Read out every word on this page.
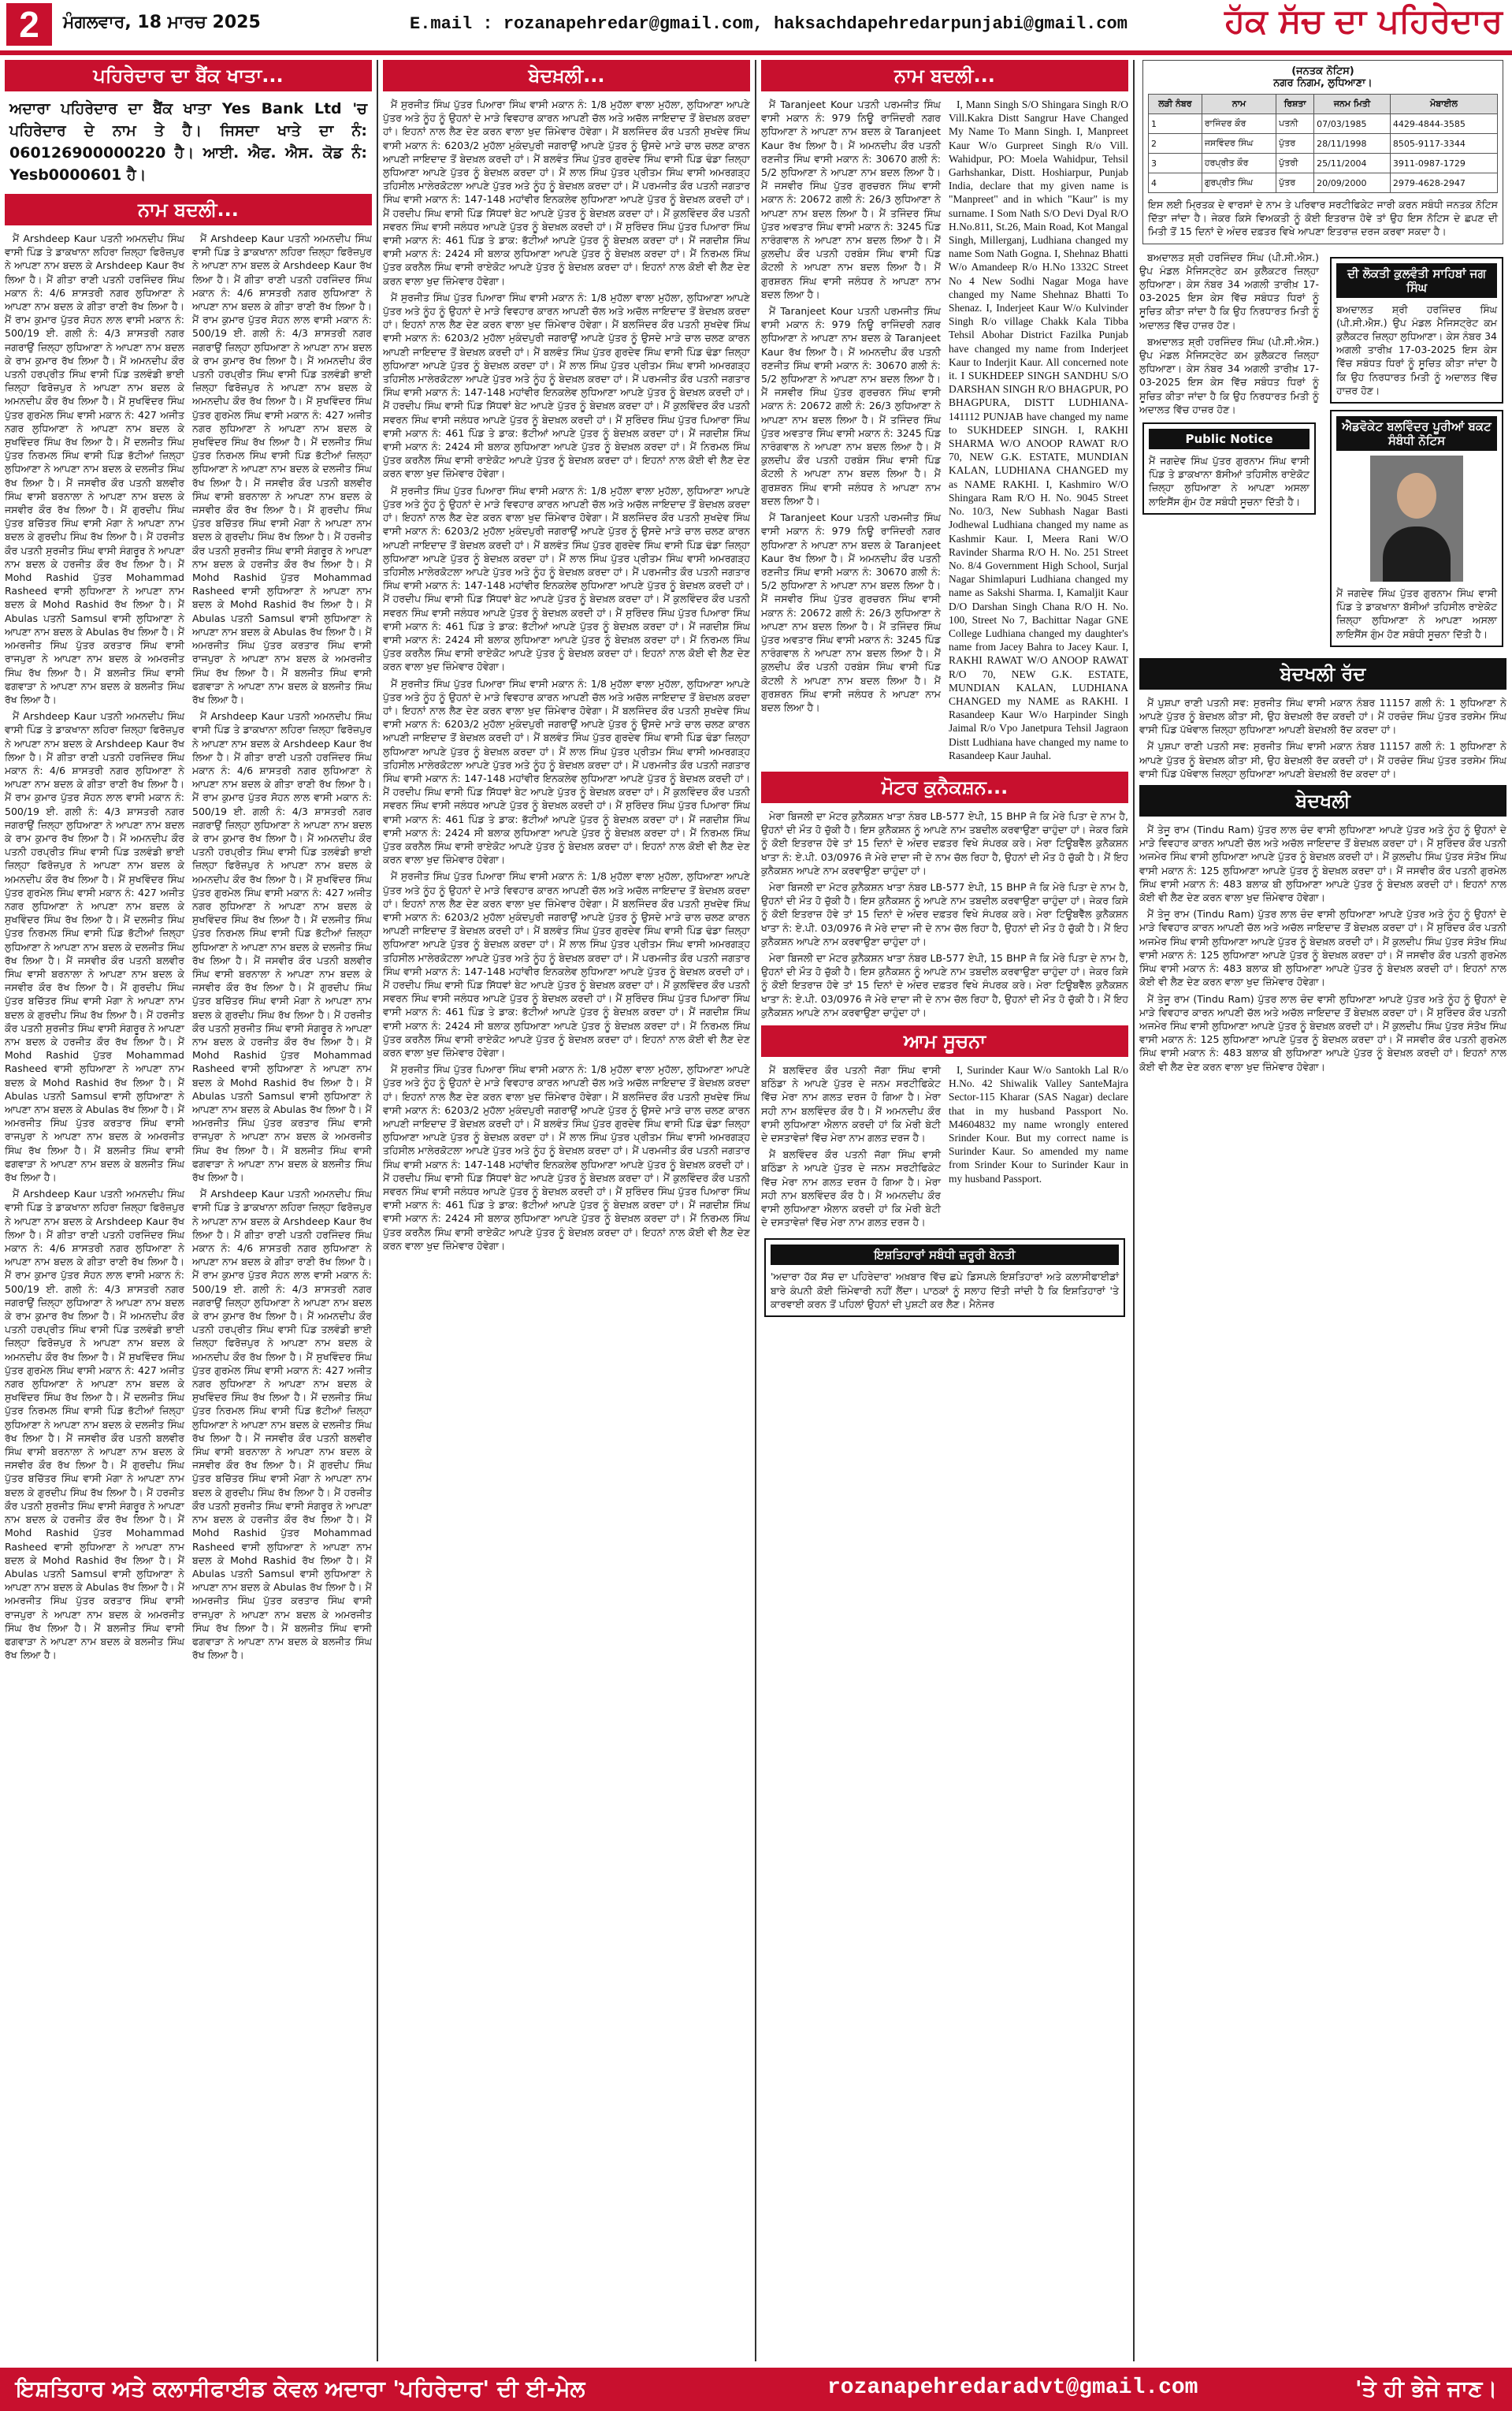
2	ਮੰਗਲਵਾਰ, 18 ਮਾਰਚ 2025	E.mail : rozanapehredar@gmail.com, haksachdapehredarpunjabi@gmail.com	ਹੱਕ ਸੱਚ ਦਾ ਪਹਿਰੇਦਾਰ
ਪਹਿਰੇਦਾਰ ਦਾ ਬੈਂਕ ਖਾਤਾ...
ਅਦਾਰਾ ਪਹਿਰੇਦਾਰ ਦਾ ਬੈਂਕ ਖਾਤਾ Yes Bank Ltd 'ਚ ਪਹਿਰੇਦਾਰ ਦੇ ਨਾਮ ਤੇ ਹੈ। ਜਿਸਦਾ ਖਾਤੇ ਦਾ ਨੰ: 060126900000220 ਹੈ। ਆਈ. ਐਫ. ਐਸ. ਕੋਡ ਨੰ: Yesb0000601 ਹੈ।
ਨਾਮ ਬਦਲੀ...

ਮੈਂ Arshdeep Kaur ਪਤਨੀ ਅਮਨਦੀਪ ਸਿੰਘ ਵਾਸੀ ਪਿੰਡ ਤੇ ਡਾਕਖਾਨਾ ਲਹਿਰਾ ਜ਼ਿਲ੍ਹਾ ਫਿਰੋਜ਼ਪੁਰ ਨੇ ਆਪਣਾ ਨਾਮ ਬਦਲ ਕੇ Arshdeep Kaur ਰੱਖ ਲਿਆ ਹੈ। ਮੈਂ ਗੀਤਾ ਰਾਣੀ ਪਤਨੀ ਹਰਜਿੰਦਰ ਸਿੰਘ ਮਕਾਨ ਨੰ: 4/6 ਸ਼ਾਸਤਰੀ ਨਗਰ ਲੁਧਿਆਣਾ ਨੇ ਆਪਣਾ ਨਾਮ ਬਦਲ ਕੇ ਗੀਤਾ ਰਾਣੀ ਰੱਖ ਲਿਆ ਹੈ। ਮੈਂ ਰਾਮ ਕੁਮਾਰ ਪੁੱਤਰ ਸੋਹਨ ਲਾਲ ਵਾਸੀ ਮਕਾਨ ਨੰ: 500/19 ਈ. ਗਲੀ ਨੰ: 4/3 ਸ਼ਾਸਤਰੀ ਨਗਰ ਜਗਰਾਉਂ ਜ਼ਿਲ੍ਹਾ ਲੁਧਿਆਣਾ ਨੇ ਆਪਣਾ ਨਾਮ ਬਦਲ ਕੇ ਰਾਮ ਕੁਮਾਰ ਰੱਖ ਲਿਆ ਹੈ। ਮੈਂ ਅਮਨਦੀਪ ਕੌਰ ਪਤਨੀ ਹਰਪ੍ਰੀਤ ਸਿੰਘ ਵਾਸੀ ਪਿੰਡ ਤਲਵੰਡੀ ਭਾਈ ਜ਼ਿਲ੍ਹਾ ਫਿਰੋਜ਼ਪੁਰ ਨੇ ਆਪਣਾ ਨਾਮ ਬਦਲ ਕੇ ਅਮਨਦੀਪ ਕੌਰ ਰੱਖ ਲਿਆ ਹੈ। ਮੈਂ ਸੁਖਵਿੰਦਰ ਸਿੰਘ ਪੁੱਤਰ ਗੁਰਮੇਲ ਸਿੰਘ ਵਾਸੀ ਮਕਾਨ ਨੰ: 427 ਅਜੀਤ ਨਗਰ ਲੁਧਿਆਣਾ ਨੇ ਆਪਣਾ ਨਾਮ ਬਦਲ ਕੇ ਸੁਖਵਿੰਦਰ ਸਿੰਘ ਰੱਖ ਲਿਆ ਹੈ। ਮੈਂ ਦਲਜੀਤ ਸਿੰਘ ਪੁੱਤਰ ਨਿਰਮਲ ਸਿੰਘ ਵਾਸੀ ਪਿੰਡ ਭੱਟੀਆਂ ਜ਼ਿਲ੍ਹਾ ਲੁਧਿਆਣਾ ਨੇ ਆਪਣਾ ਨਾਮ ਬਦਲ ਕੇ ਦਲਜੀਤ ਸਿੰਘ ਰੱਖ ਲਿਆ ਹੈ। ਮੈਂ ਜਸਵੀਰ ਕੌਰ ਪਤਨੀ ਬਲਵੀਰ ਸਿੰਘ ਵਾਸੀ ਬਰਨਾਲਾ ਨੇ ਆਪਣਾ ਨਾਮ ਬਦਲ ਕੇ ਜਸਵੀਰ ਕੌਰ ਰੱਖ ਲਿਆ ਹੈ। ਮੈਂ ਗੁਰਦੀਪ ਸਿੰਘ ਪੁੱਤਰ ਬਚਿੱਤਰ ਸਿੰਘ ਵਾਸੀ ਮੋਗਾ ਨੇ ਆਪਣਾ ਨਾਮ ਬਦਲ ਕੇ ਗੁਰਦੀਪ ਸਿੰਘ ਰੱਖ ਲਿਆ ਹੈ। ਮੈਂ ਹਰਜੀਤ ਕੌਰ ਪਤਨੀ ਸੁਰਜੀਤ ਸਿੰਘ ਵਾਸੀ ਸੰਗਰੂਰ ਨੇ ਆਪਣਾ ਨਾਮ ਬਦਲ ਕੇ ਹਰਜੀਤ ਕੌਰ ਰੱਖ ਲਿਆ ਹੈ। ਮੈਂ Mohd Rashid ਪੁੱਤਰ Mohammad Rasheed ਵਾਸੀ ਲੁਧਿਆਣਾ ਨੇ ਆਪਣਾ ਨਾਮ ਬਦਲ ਕੇ Mohd Rashid ਰੱਖ ਲਿਆ ਹੈ। ਮੈਂ Abulas ਪਤਨੀ Samsul ਵਾਸੀ ਲੁਧਿਆਣਾ ਨੇ ਆਪਣਾ ਨਾਮ ਬਦਲ ਕੇ Abulas ਰੱਖ ਲਿਆ ਹੈ। ਮੈਂ ਅਮਰਜੀਤ ਸਿੰਘ ਪੁੱਤਰ ਕਰਤਾਰ ਸਿੰਘ ਵਾਸੀ ਰਾਜਪੁਰਾ ਨੇ ਆਪਣਾ ਨਾਮ ਬਦਲ ਕੇ ਅਮਰਜੀਤ ਸਿੰਘ ਰੱਖ ਲਿਆ ਹੈ। ਮੈਂ ਬਲਜੀਤ ਸਿੰਘ ਵਾਸੀ ਫਗਵਾੜਾ ਨੇ ਆਪਣਾ ਨਾਮ ਬਦਲ ਕੇ ਬਲਜੀਤ ਸਿੰਘ ਰੱਖ ਲਿਆ ਹੈ।

ਮੈਂ Arshdeep Kaur ਪਤਨੀ ਅਮਨਦੀਪ ਸਿੰਘ ਵਾਸੀ ਪਿੰਡ ਤੇ ਡਾਕਖਾਨਾ ਲਹਿਰਾ ਜ਼ਿਲ੍ਹਾ ਫਿਰੋਜ਼ਪੁਰ ਨੇ ਆਪਣਾ ਨਾਮ ਬਦਲ ਕੇ Arshdeep Kaur ਰੱਖ ਲਿਆ ਹੈ। ਮੈਂ ਗੀਤਾ ਰਾਣੀ ਪਤਨੀ ਹਰਜਿੰਦਰ ਸਿੰਘ ਮਕਾਨ ਨੰ: 4/6 ਸ਼ਾਸਤਰੀ ਨਗਰ ਲੁਧਿਆਣਾ ਨੇ ਆਪਣਾ ਨਾਮ ਬਦਲ ਕੇ ਗੀਤਾ ਰਾਣੀ ਰੱਖ ਲਿਆ ਹੈ। ਮੈਂ ਰਾਮ ਕੁਮਾਰ ਪੁੱਤਰ ਸੋਹਨ ਲਾਲ ਵਾਸੀ ਮਕਾਨ ਨੰ: 500/19 ਈ. ਗਲੀ ਨੰ: 4/3 ਸ਼ਾਸਤਰੀ ਨਗਰ ਜਗਰਾਉਂ ਜ਼ਿਲ੍ਹਾ ਲੁਧਿਆਣਾ ਨੇ ਆਪਣਾ ਨਾਮ ਬਦਲ ਕੇ ਰਾਮ ਕੁਮਾਰ ਰੱਖ ਲਿਆ ਹੈ। ਮੈਂ ਅਮਨਦੀਪ ਕੌਰ ਪਤਨੀ ਹਰਪ੍ਰੀਤ ਸਿੰਘ ਵਾਸੀ ਪਿੰਡ ਤਲਵੰਡੀ ਭਾਈ ਜ਼ਿਲ੍ਹਾ ਫਿਰੋਜ਼ਪੁਰ ਨੇ ਆਪਣਾ ਨਾਮ ਬਦਲ ਕੇ ਅਮਨਦੀਪ ਕੌਰ ਰੱਖ ਲਿਆ ਹੈ। ਮੈਂ ਸੁਖਵਿੰਦਰ ਸਿੰਘ ਪੁੱਤਰ ਗੁਰਮੇਲ ਸਿੰਘ ਵਾਸੀ ਮਕਾਨ ਨੰ: 427 ਅਜੀਤ ਨਗਰ ਲੁਧਿਆਣਾ ਨੇ ਆਪਣਾ ਨਾਮ ਬਦਲ ਕੇ ਸੁਖਵਿੰਦਰ ਸਿੰਘ ਰੱਖ ਲਿਆ ਹੈ। ਮੈਂ ਦਲਜੀਤ ਸਿੰਘ ਪੁੱਤਰ ਨਿਰਮਲ ਸਿੰਘ ਵਾਸੀ ਪਿੰਡ ਭੱਟੀਆਂ ਜ਼ਿਲ੍ਹਾ ਲੁਧਿਆਣਾ ਨੇ ਆਪਣਾ ਨਾਮ ਬਦਲ ਕੇ ਦਲਜੀਤ ਸਿੰਘ ਰੱਖ ਲਿਆ ਹੈ। ਮੈਂ ਜਸਵੀਰ ਕੌਰ ਪਤਨੀ ਬਲਵੀਰ ਸਿੰਘ ਵਾਸੀ ਬਰਨਾਲਾ ਨੇ ਆਪਣਾ ਨਾਮ ਬਦਲ ਕੇ ਜਸਵੀਰ ਕੌਰ ਰੱਖ ਲਿਆ ਹੈ। ਮੈਂ ਗੁਰਦੀਪ ਸਿੰਘ ਪੁੱਤਰ ਬਚਿੱਤਰ ਸਿੰਘ ਵਾਸੀ ਮੋਗਾ ਨੇ ਆਪਣਾ ਨਾਮ ਬਦਲ ਕੇ ਗੁਰਦੀਪ ਸਿੰਘ ਰੱਖ ਲਿਆ ਹੈ। ਮੈਂ ਹਰਜੀਤ ਕੌਰ ਪਤਨੀ ਸੁਰਜੀਤ ਸਿੰਘ ਵਾਸੀ ਸੰਗਰੂਰ ਨੇ ਆਪਣਾ ਨਾਮ ਬਦਲ ਕੇ ਹਰਜੀਤ ਕੌਰ ਰੱਖ ਲਿਆ ਹੈ। ਮੈਂ Mohd Rashid ਪੁੱਤਰ Mohammad Rasheed ਵਾਸੀ ਲੁਧਿਆਣਾ ਨੇ ਆਪਣਾ ਨਾਮ ਬਦਲ ਕੇ Mohd Rashid ਰੱਖ ਲਿਆ ਹੈ। ਮੈਂ Abulas ਪਤਨੀ Samsul ਵਾਸੀ ਲੁਧਿਆਣਾ ਨੇ ਆਪਣਾ ਨਾਮ ਬਦਲ ਕੇ Abulas ਰੱਖ ਲਿਆ ਹੈ। ਮੈਂ ਅਮਰਜੀਤ ਸਿੰਘ ਪੁੱਤਰ ਕਰਤਾਰ ਸਿੰਘ ਵਾਸੀ ਰਾਜਪੁਰਾ ਨੇ ਆਪਣਾ ਨਾਮ ਬਦਲ ਕੇ ਅਮਰਜੀਤ ਸਿੰਘ ਰੱਖ ਲਿਆ ਹੈ। ਮੈਂ ਬਲਜੀਤ ਸਿੰਘ ਵਾਸੀ ਫਗਵਾੜਾ ਨੇ ਆਪਣਾ ਨਾਮ ਬਦਲ ਕੇ ਬਲਜੀਤ ਸਿੰਘ ਰੱਖ ਲਿਆ ਹੈ।

ਮੈਂ Arshdeep Kaur ਪਤਨੀ ਅਮਨਦੀਪ ਸਿੰਘ ਵਾਸੀ ਪਿੰਡ ਤੇ ਡਾਕਖਾਨਾ ਲਹਿਰਾ ਜ਼ਿਲ੍ਹਾ ਫਿਰੋਜ਼ਪੁਰ ਨੇ ਆਪਣਾ ਨਾਮ ਬਦਲ ਕੇ Arshdeep Kaur ਰੱਖ ਲਿਆ ਹੈ। ਮੈਂ ਗੀਤਾ ਰਾਣੀ ਪਤਨੀ ਹਰਜਿੰਦਰ ਸਿੰਘ ਮਕਾਨ ਨੰ: 4/6 ਸ਼ਾਸਤਰੀ ਨਗਰ ਲੁਧਿਆਣਾ ਨੇ ਆਪਣਾ ਨਾਮ ਬਦਲ ਕੇ ਗੀਤਾ ਰਾਣੀ ਰੱਖ ਲਿਆ ਹੈ। ਮੈਂ ਰਾਮ ਕੁਮਾਰ ਪੁੱਤਰ ਸੋਹਨ ਲਾਲ ਵਾਸੀ ਮਕਾਨ ਨੰ: 500/19 ਈ. ਗਲੀ ਨੰ: 4/3 ਸ਼ਾਸਤਰੀ ਨਗਰ ਜਗਰਾਉਂ ਜ਼ਿਲ੍ਹਾ ਲੁਧਿਆਣਾ ਨੇ ਆਪਣਾ ਨਾਮ ਬਦਲ ਕੇ ਰਾਮ ਕੁਮਾਰ ਰੱਖ ਲਿਆ ਹੈ। ਮੈਂ ਅਮਨਦੀਪ ਕੌਰ ਪਤਨੀ ਹਰਪ੍ਰੀਤ ਸਿੰਘ ਵਾਸੀ ਪਿੰਡ ਤਲਵੰਡੀ ਭਾਈ ਜ਼ਿਲ੍ਹਾ ਫਿਰੋਜ਼ਪੁਰ ਨੇ ਆਪਣਾ ਨਾਮ ਬਦਲ ਕੇ ਅਮਨਦੀਪ ਕੌਰ ਰੱਖ ਲਿਆ ਹੈ। ਮੈਂ ਸੁਖਵਿੰਦਰ ਸਿੰਘ ਪੁੱਤਰ ਗੁਰਮੇਲ ਸਿੰਘ ਵਾਸੀ ਮਕਾਨ ਨੰ: 427 ਅਜੀਤ ਨਗਰ ਲੁਧਿਆਣਾ ਨੇ ਆਪਣਾ ਨਾਮ ਬਦਲ ਕੇ ਸੁਖਵਿੰਦਰ ਸਿੰਘ ਰੱਖ ਲਿਆ ਹੈ। ਮੈਂ ਦਲਜੀਤ ਸਿੰਘ ਪੁੱਤਰ ਨਿਰਮਲ ਸਿੰਘ ਵਾਸੀ ਪਿੰਡ ਭੱਟੀਆਂ ਜ਼ਿਲ੍ਹਾ ਲੁਧਿਆਣਾ ਨੇ ਆਪਣਾ ਨਾਮ ਬਦਲ ਕੇ ਦਲਜੀਤ ਸਿੰਘ ਰੱਖ ਲਿਆ ਹੈ। ਮੈਂ ਜਸਵੀਰ ਕੌਰ ਪਤਨੀ ਬਲਵੀਰ ਸਿੰਘ ਵਾਸੀ ਬਰਨਾਲਾ ਨੇ ਆਪਣਾ ਨਾਮ ਬਦਲ ਕੇ ਜਸਵੀਰ ਕੌਰ ਰੱਖ ਲਿਆ ਹੈ। ਮੈਂ ਗੁਰਦੀਪ ਸਿੰਘ ਪੁੱਤਰ ਬਚਿੱਤਰ ਸਿੰਘ ਵਾਸੀ ਮੋਗਾ ਨੇ ਆਪਣਾ ਨਾਮ ਬਦਲ ਕੇ ਗੁਰਦੀਪ ਸਿੰਘ ਰੱਖ ਲਿਆ ਹੈ। ਮੈਂ ਹਰਜੀਤ ਕੌਰ ਪਤਨੀ ਸੁਰਜੀਤ ਸਿੰਘ ਵਾਸੀ ਸੰਗਰੂਰ ਨੇ ਆਪਣਾ ਨਾਮ ਬਦਲ ਕੇ ਹਰਜੀਤ ਕੌਰ ਰੱਖ ਲਿਆ ਹੈ। ਮੈਂ Mohd Rashid ਪੁੱਤਰ Mohammad Rasheed ਵਾਸੀ ਲੁਧਿਆਣਾ ਨੇ ਆਪਣਾ ਨਾਮ ਬਦਲ ਕੇ Mohd Rashid ਰੱਖ ਲਿਆ ਹੈ। ਮੈਂ Abulas ਪਤਨੀ Samsul ਵਾਸੀ ਲੁਧਿਆਣਾ ਨੇ ਆਪਣਾ ਨਾਮ ਬਦਲ ਕੇ Abulas ਰੱਖ ਲਿਆ ਹੈ। ਮੈਂ ਅਮਰਜੀਤ ਸਿੰਘ ਪੁੱਤਰ ਕਰਤਾਰ ਸਿੰਘ ਵਾਸੀ ਰਾਜਪੁਰਾ ਨੇ ਆਪਣਾ ਨਾਮ ਬਦਲ ਕੇ ਅਮਰਜੀਤ ਸਿੰਘ ਰੱਖ ਲਿਆ ਹੈ। ਮੈਂ ਬਲਜੀਤ ਸਿੰਘ ਵਾਸੀ ਫਗਵਾੜਾ ਨੇ ਆਪਣਾ ਨਾਮ ਬਦਲ ਕੇ ਬਲਜੀਤ ਸਿੰਘ ਰੱਖ ਲਿਆ ਹੈ।

ਮੈਂ Arshdeep Kaur ਪਤਨੀ ਅਮਨਦੀਪ ਸਿੰਘ ਵਾਸੀ ਪਿੰਡ ਤੇ ਡਾਕਖਾਨਾ ਲਹਿਰਾ ਜ਼ਿਲ੍ਹਾ ਫਿਰੋਜ਼ਪੁਰ ਨੇ ਆਪਣਾ ਨਾਮ ਬਦਲ ਕੇ Arshdeep Kaur ਰੱਖ ਲਿਆ ਹੈ। ਮੈਂ ਗੀਤਾ ਰਾਣੀ ਪਤਨੀ ਹਰਜਿੰਦਰ ਸਿੰਘ ਮਕਾਨ ਨੰ: 4/6 ਸ਼ਾਸਤਰੀ ਨਗਰ ਲੁਧਿਆਣਾ ਨੇ ਆਪਣਾ ਨਾਮ ਬਦਲ ਕੇ ਗੀਤਾ ਰਾਣੀ ਰੱਖ ਲਿਆ ਹੈ। ਮੈਂ ਰਾਮ ਕੁਮਾਰ ਪੁੱਤਰ ਸੋਹਨ ਲਾਲ ਵਾਸੀ ਮਕਾਨ ਨੰ: 500/19 ਈ. ਗਲੀ ਨੰ: 4/3 ਸ਼ਾਸਤਰੀ ਨਗਰ ਜਗਰਾਉਂ ਜ਼ਿਲ੍ਹਾ ਲੁਧਿਆਣਾ ਨੇ ਆਪਣਾ ਨਾਮ ਬਦਲ ਕੇ ਰਾਮ ਕੁਮਾਰ ਰੱਖ ਲਿਆ ਹੈ। ਮੈਂ ਅਮਨਦੀਪ ਕੌਰ ਪਤਨੀ ਹਰਪ੍ਰੀਤ ਸਿੰਘ ਵਾਸੀ ਪਿੰਡ ਤਲਵੰਡੀ ਭਾਈ ਜ਼ਿਲ੍ਹਾ ਫਿਰੋਜ਼ਪੁਰ ਨੇ ਆਪਣਾ ਨਾਮ ਬਦਲ ਕੇ ਅਮਨਦੀਪ ਕੌਰ ਰੱਖ ਲਿਆ ਹੈ। ਮੈਂ ਸੁਖਵਿੰਦਰ ਸਿੰਘ ਪੁੱਤਰ ਗੁਰਮੇਲ ਸਿੰਘ ਵਾਸੀ ਮਕਾਨ ਨੰ: 427 ਅਜੀਤ ਨਗਰ ਲੁਧਿਆਣਾ ਨੇ ਆਪਣਾ ਨਾਮ ਬਦਲ ਕੇ ਸੁਖਵਿੰਦਰ ਸਿੰਘ ਰੱਖ ਲਿਆ ਹੈ। ਮੈਂ ਦਲਜੀਤ ਸਿੰਘ ਪੁੱਤਰ ਨਿਰਮਲ ਸਿੰਘ ਵਾਸੀ ਪਿੰਡ ਭੱਟੀਆਂ ਜ਼ਿਲ੍ਹਾ ਲੁਧਿਆਣਾ ਨੇ ਆਪਣਾ ਨਾਮ ਬਦਲ ਕੇ ਦਲਜੀਤ ਸਿੰਘ ਰੱਖ ਲਿਆ ਹੈ। ਮੈਂ ਜਸਵੀਰ ਕੌਰ ਪਤਨੀ ਬਲਵੀਰ ਸਿੰਘ ਵਾਸੀ ਬਰਨਾਲਾ ਨੇ ਆਪਣਾ ਨਾਮ ਬਦਲ ਕੇ ਜਸਵੀਰ ਕੌਰ ਰੱਖ ਲਿਆ ਹੈ। ਮੈਂ ਗੁਰਦੀਪ ਸਿੰਘ ਪੁੱਤਰ ਬਚਿੱਤਰ ਸਿੰਘ ਵਾਸੀ ਮੋਗਾ ਨੇ ਆਪਣਾ ਨਾਮ ਬਦਲ ਕੇ ਗੁਰਦੀਪ ਸਿੰਘ ਰੱਖ ਲਿਆ ਹੈ। ਮੈਂ ਹਰਜੀਤ ਕੌਰ ਪਤਨੀ ਸੁਰਜੀਤ ਸਿੰਘ ਵਾਸੀ ਸੰਗਰੂਰ ਨੇ ਆਪਣਾ ਨਾਮ ਬਦਲ ਕੇ ਹਰਜੀਤ ਕੌਰ ਰੱਖ ਲਿਆ ਹੈ। ਮੈਂ Mohd Rashid ਪੁੱਤਰ Mohammad Rasheed ਵਾਸੀ ਲੁਧਿਆਣਾ ਨੇ ਆਪਣਾ ਨਾਮ ਬਦਲ ਕੇ Mohd Rashid ਰੱਖ ਲਿਆ ਹੈ। ਮੈਂ Abulas ਪਤਨੀ Samsul ਵਾਸੀ ਲੁਧਿਆਣਾ ਨੇ ਆਪਣਾ ਨਾਮ ਬਦਲ ਕੇ Abulas ਰੱਖ ਲਿਆ ਹੈ। ਮੈਂ ਅਮਰਜੀਤ ਸਿੰਘ ਪੁੱਤਰ ਕਰਤਾਰ ਸਿੰਘ ਵਾਸੀ ਰਾਜਪੁਰਾ ਨੇ ਆਪਣਾ ਨਾਮ ਬਦਲ ਕੇ ਅਮਰਜੀਤ ਸਿੰਘ ਰੱਖ ਲਿਆ ਹੈ। ਮੈਂ ਬਲਜੀਤ ਸਿੰਘ ਵਾਸੀ ਫਗਵਾੜਾ ਨੇ ਆਪਣਾ ਨਾਮ ਬਦਲ ਕੇ ਬਲਜੀਤ ਸਿੰਘ ਰੱਖ ਲਿਆ ਹੈ।

ਮੈਂ Arshdeep Kaur ਪਤਨੀ ਅਮਨਦੀਪ ਸਿੰਘ ਵਾਸੀ ਪਿੰਡ ਤੇ ਡਾਕਖਾਨਾ ਲਹਿਰਾ ਜ਼ਿਲ੍ਹਾ ਫਿਰੋਜ਼ਪੁਰ ਨੇ ਆਪਣਾ ਨਾਮ ਬਦਲ ਕੇ Arshdeep Kaur ਰੱਖ ਲਿਆ ਹੈ। ਮੈਂ ਗੀਤਾ ਰਾਣੀ ਪਤਨੀ ਹਰਜਿੰਦਰ ਸਿੰਘ ਮਕਾਨ ਨੰ: 4/6 ਸ਼ਾਸਤਰੀ ਨਗਰ ਲੁਧਿਆਣਾ ਨੇ ਆਪਣਾ ਨਾਮ ਬਦਲ ਕੇ ਗੀਤਾ ਰਾਣੀ ਰੱਖ ਲਿਆ ਹੈ। ਮੈਂ ਰਾਮ ਕੁਮਾਰ ਪੁੱਤਰ ਸੋਹਨ ਲਾਲ ਵਾਸੀ ਮਕਾਨ ਨੰ: 500/19 ਈ. ਗਲੀ ਨੰ: 4/3 ਸ਼ਾਸਤਰੀ ਨਗਰ ਜਗਰਾਉਂ ਜ਼ਿਲ੍ਹਾ ਲੁਧਿਆਣਾ ਨੇ ਆਪਣਾ ਨਾਮ ਬਦਲ ਕੇ ਰਾਮ ਕੁਮਾਰ ਰੱਖ ਲਿਆ ਹੈ। ਮੈਂ ਅਮਨਦੀਪ ਕੌਰ ਪਤਨੀ ਹਰਪ੍ਰੀਤ ਸਿੰਘ ਵਾਸੀ ਪਿੰਡ ਤਲਵੰਡੀ ਭਾਈ ਜ਼ਿਲ੍ਹਾ ਫਿਰੋਜ਼ਪੁਰ ਨੇ ਆਪਣਾ ਨਾਮ ਬਦਲ ਕੇ ਅਮਨਦੀਪ ਕੌਰ ਰੱਖ ਲਿਆ ਹੈ। ਮੈਂ ਸੁਖਵਿੰਦਰ ਸਿੰਘ ਪੁੱਤਰ ਗੁਰਮੇਲ ਸਿੰਘ ਵਾਸੀ ਮਕਾਨ ਨੰ: 427 ਅਜੀਤ ਨਗਰ ਲੁਧਿਆਣਾ ਨੇ ਆਪਣਾ ਨਾਮ ਬਦਲ ਕੇ ਸੁਖਵਿੰਦਰ ਸਿੰਘ ਰੱਖ ਲਿਆ ਹੈ। ਮੈਂ ਦਲਜੀਤ ਸਿੰਘ ਪੁੱਤਰ ਨਿਰਮਲ ਸਿੰਘ ਵਾਸੀ ਪਿੰਡ ਭੱਟੀਆਂ ਜ਼ਿਲ੍ਹਾ ਲੁਧਿਆਣਾ ਨੇ ਆਪਣਾ ਨਾਮ ਬਦਲ ਕੇ ਦਲਜੀਤ ਸਿੰਘ ਰੱਖ ਲਿਆ ਹੈ। ਮੈਂ ਜਸਵੀਰ ਕੌਰ ਪਤਨੀ ਬਲਵੀਰ ਸਿੰਘ ਵਾਸੀ ਬਰਨਾਲਾ ਨੇ ਆਪਣਾ ਨਾਮ ਬਦਲ ਕੇ ਜਸਵੀਰ ਕੌਰ ਰੱਖ ਲਿਆ ਹੈ। ਮੈਂ ਗੁਰਦੀਪ ਸਿੰਘ ਪੁੱਤਰ ਬਚਿੱਤਰ ਸਿੰਘ ਵਾਸੀ ਮੋਗਾ ਨੇ ਆਪਣਾ ਨਾਮ ਬਦਲ ਕੇ ਗੁਰਦੀਪ ਸਿੰਘ ਰੱਖ ਲਿਆ ਹੈ। ਮੈਂ ਹਰਜੀਤ ਕੌਰ ਪਤਨੀ ਸੁਰਜੀਤ ਸਿੰਘ ਵਾਸੀ ਸੰਗਰੂਰ ਨੇ ਆਪਣਾ ਨਾਮ ਬਦਲ ਕੇ ਹਰਜੀਤ ਕੌਰ ਰੱਖ ਲਿਆ ਹੈ। ਮੈਂ Mohd Rashid ਪੁੱਤਰ Mohammad Rasheed ਵਾਸੀ ਲੁਧਿਆਣਾ ਨੇ ਆਪਣਾ ਨਾਮ ਬਦਲ ਕੇ Mohd Rashid ਰੱਖ ਲਿਆ ਹੈ। ਮੈਂ Abulas ਪਤਨੀ Samsul ਵਾਸੀ ਲੁਧਿਆਣਾ ਨੇ ਆਪਣਾ ਨਾਮ ਬਦਲ ਕੇ Abulas ਰੱਖ ਲਿਆ ਹੈ। ਮੈਂ ਅਮਰਜੀਤ ਸਿੰਘ ਪੁੱਤਰ ਕਰਤਾਰ ਸਿੰਘ ਵਾਸੀ ਰਾਜਪੁਰਾ ਨੇ ਆਪਣਾ ਨਾਮ ਬਦਲ ਕੇ ਅਮਰਜੀਤ ਸਿੰਘ ਰੱਖ ਲਿਆ ਹੈ। ਮੈਂ ਬਲਜੀਤ ਸਿੰਘ ਵਾਸੀ ਫਗਵਾੜਾ ਨੇ ਆਪਣਾ ਨਾਮ ਬਦਲ ਕੇ ਬਲਜੀਤ ਸਿੰਘ ਰੱਖ ਲਿਆ ਹੈ।

ਮੈਂ Arshdeep Kaur ਪਤਨੀ ਅਮਨਦੀਪ ਸਿੰਘ ਵਾਸੀ ਪਿੰਡ ਤੇ ਡਾਕਖਾਨਾ ਲਹਿਰਾ ਜ਼ਿਲ੍ਹਾ ਫਿਰੋਜ਼ਪੁਰ ਨੇ ਆਪਣਾ ਨਾਮ ਬਦਲ ਕੇ Arshdeep Kaur ਰੱਖ ਲਿਆ ਹੈ। ਮੈਂ ਗੀਤਾ ਰਾਣੀ ਪਤਨੀ ਹਰਜਿੰਦਰ ਸਿੰਘ ਮਕਾਨ ਨੰ: 4/6 ਸ਼ਾਸਤਰੀ ਨਗਰ ਲੁਧਿਆਣਾ ਨੇ ਆਪਣਾ ਨਾਮ ਬਦਲ ਕੇ ਗੀਤਾ ਰਾਣੀ ਰੱਖ ਲਿਆ ਹੈ। ਮੈਂ ਰਾਮ ਕੁਮਾਰ ਪੁੱਤਰ ਸੋਹਨ ਲਾਲ ਵਾਸੀ ਮਕਾਨ ਨੰ: 500/19 ਈ. ਗਲੀ ਨੰ: 4/3 ਸ਼ਾਸਤਰੀ ਨਗਰ ਜਗਰਾਉਂ ਜ਼ਿਲ੍ਹਾ ਲੁਧਿਆਣਾ ਨੇ ਆਪਣਾ ਨਾਮ ਬਦਲ ਕੇ ਰਾਮ ਕੁਮਾਰ ਰੱਖ ਲਿਆ ਹੈ। ਮੈਂ ਅਮਨਦੀਪ ਕੌਰ ਪਤਨੀ ਹਰਪ੍ਰੀਤ ਸਿੰਘ ਵਾਸੀ ਪਿੰਡ ਤਲਵੰਡੀ ਭਾਈ ਜ਼ਿਲ੍ਹਾ ਫਿਰੋਜ਼ਪੁਰ ਨੇ ਆਪਣਾ ਨਾਮ ਬਦਲ ਕੇ ਅਮਨਦੀਪ ਕੌਰ ਰੱਖ ਲਿਆ ਹੈ। ਮੈਂ ਸੁਖਵਿੰਦਰ ਸਿੰਘ ਪੁੱਤਰ ਗੁਰਮੇਲ ਸਿੰਘ ਵਾਸੀ ਮਕਾਨ ਨੰ: 427 ਅਜੀਤ ਨਗਰ ਲੁਧਿਆਣਾ ਨੇ ਆਪਣਾ ਨਾਮ ਬਦਲ ਕੇ ਸੁਖਵਿੰਦਰ ਸਿੰਘ ਰੱਖ ਲਿਆ ਹੈ। ਮੈਂ ਦਲਜੀਤ ਸਿੰਘ ਪੁੱਤਰ ਨਿਰਮਲ ਸਿੰਘ ਵਾਸੀ ਪਿੰਡ ਭੱਟੀਆਂ ਜ਼ਿਲ੍ਹਾ ਲੁਧਿਆਣਾ ਨੇ ਆਪਣਾ ਨਾਮ ਬਦਲ ਕੇ ਦਲਜੀਤ ਸਿੰਘ ਰੱਖ ਲਿਆ ਹੈ। ਮੈਂ ਜਸਵੀਰ ਕੌਰ ਪਤਨੀ ਬਲਵੀਰ ਸਿੰਘ ਵਾਸੀ ਬਰਨਾਲਾ ਨੇ ਆਪਣਾ ਨਾਮ ਬਦਲ ਕੇ ਜਸਵੀਰ ਕੌਰ ਰੱਖ ਲਿਆ ਹੈ। ਮੈਂ ਗੁਰਦੀਪ ਸਿੰਘ ਪੁੱਤਰ ਬਚਿੱਤਰ ਸਿੰਘ ਵਾਸੀ ਮੋਗਾ ਨੇ ਆਪਣਾ ਨਾਮ ਬਦਲ ਕੇ ਗੁਰਦੀਪ ਸਿੰਘ ਰੱਖ ਲਿਆ ਹੈ। ਮੈਂ ਹਰਜੀਤ ਕੌਰ ਪਤਨੀ ਸੁਰਜੀਤ ਸਿੰਘ ਵਾਸੀ ਸੰਗਰੂਰ ਨੇ ਆਪਣਾ ਨਾਮ ਬਦਲ ਕੇ ਹਰਜੀਤ ਕੌਰ ਰੱਖ ਲਿਆ ਹੈ। ਮੈਂ Mohd Rashid ਪੁੱਤਰ Mohammad Rasheed ਵਾਸੀ ਲੁਧਿਆਣਾ ਨੇ ਆਪਣਾ ਨਾਮ ਬਦਲ ਕੇ Mohd Rashid ਰੱਖ ਲਿਆ ਹੈ। ਮੈਂ Abulas ਪਤਨੀ Samsul ਵਾਸੀ ਲੁਧਿਆਣਾ ਨੇ ਆਪਣਾ ਨਾਮ ਬਦਲ ਕੇ Abulas ਰੱਖ ਲਿਆ ਹੈ। ਮੈਂ ਅਮਰਜੀਤ ਸਿੰਘ ਪੁੱਤਰ ਕਰਤਾਰ ਸਿੰਘ ਵਾਸੀ ਰਾਜਪੁਰਾ ਨੇ ਆਪਣਾ ਨਾਮ ਬਦਲ ਕੇ ਅਮਰਜੀਤ ਸਿੰਘ ਰੱਖ ਲਿਆ ਹੈ। ਮੈਂ ਬਲਜੀਤ ਸਿੰਘ ਵਾਸੀ ਫਗਵਾੜਾ ਨੇ ਆਪਣਾ ਨਾਮ ਬਦਲ ਕੇ ਬਲਜੀਤ ਸਿੰਘ ਰੱਖ ਲਿਆ ਹੈ।

ਬੇਦਖ਼ਲੀ...

ਮੈਂ ਸੁਰਜੀਤ ਸਿੰਘ ਪੁੱਤਰ ਪਿਆਰਾ ਸਿੰਘ ਵਾਸੀ ਮਕਾਨ ਨੰ: 1/8 ਮੁਹੱਲਾ ਵਾਲਾ ਮੁਹੱਲਾ, ਲੁਧਿਆਣਾ ਆਪਣੇ ਪੁੱਤਰ ਅਤੇ ਨੂੰਹ ਨੂੰ ਉਹਨਾਂ ਦੇ ਮਾੜੇ ਵਿਵਹਾਰ ਕਾਰਨ ਆਪਣੀ ਚੱਲ ਅਤੇ ਅਚੱਲ ਜਾਇਦਾਦ ਤੋਂ ਬੇਦਖ਼ਲ ਕਰਦਾ ਹਾਂ। ਇਹਨਾਂ ਨਾਲ ਲੈਣ ਦੇਣ ਕਰਨ ਵਾਲਾ ਖੁਦ ਜ਼ਿੰਮੇਵਾਰ ਹੋਵੇਗਾ। ਮੈਂ ਬਲਜਿੰਦਰ ਕੌਰ ਪਤਨੀ ਸੁਖਦੇਵ ਸਿੰਘ ਵਾਸੀ ਮਕਾਨ ਨੰ: 6203/2 ਮੁਹੱਲਾ ਮੁਕੰਦਪੁਰੀ ਜਗਰਾਉਂ ਆਪਣੇ ਪੁੱਤਰ ਨੂੰ ਉਸਦੇ ਮਾੜੇ ਚਾਲ ਚਲਣ ਕਾਰਨ ਆਪਣੀ ਜਾਇਦਾਦ ਤੋਂ ਬੇਦਖ਼ਲ ਕਰਦੀ ਹਾਂ। ਮੈਂ ਬਲਵੰਤ ਸਿੰਘ ਪੁੱਤਰ ਗੁਰਦੇਵ ਸਿੰਘ ਵਾਸੀ ਪਿੰਡ ਢੰਡਾ ਜ਼ਿਲ੍ਹਾ ਲੁਧਿਆਣਾ ਆਪਣੇ ਪੁੱਤਰ ਨੂੰ ਬੇਦਖ਼ਲ ਕਰਦਾ ਹਾਂ। ਮੈਂ ਲਾਲ ਸਿੰਘ ਪੁੱਤਰ ਪ੍ਰੀਤਮ ਸਿੰਘ ਵਾਸੀ ਅਮਰਗੜ੍ਹ ਤਹਿਸੀਲ ਮਾਲੇਰਕੋਟਲਾ ਆਪਣੇ ਪੁੱਤਰ ਅਤੇ ਨੂੰਹ ਨੂੰ ਬੇਦਖ਼ਲ ਕਰਦਾ ਹਾਂ। ਮੈਂ ਪਰਮਜੀਤ ਕੌਰ ਪਤਨੀ ਜਗਤਾਰ ਸਿੰਘ ਵਾਸੀ ਮਕਾਨ ਨੰ: 147-148 ਮਹਾਂਵੀਰ ਇਨਕਲੇਵ ਲੁਧਿਆਣਾ ਆਪਣੇ ਪੁੱਤਰ ਨੂੰ ਬੇਦਖ਼ਲ ਕਰਦੀ ਹਾਂ। ਮੈਂ ਹਰਦੀਪ ਸਿੰਘ ਵਾਸੀ ਪਿੰਡ ਸਿੱਧਵਾਂ ਬੇਟ ਆਪਣੇ ਪੁੱਤਰ ਨੂੰ ਬੇਦਖ਼ਲ ਕਰਦਾ ਹਾਂ। ਮੈਂ ਕੁਲਵਿੰਦਰ ਕੌਰ ਪਤਨੀ ਸਵਰਨ ਸਿੰਘ ਵਾਸੀ ਜਲੰਧਰ ਆਪਣੇ ਪੁੱਤਰ ਨੂੰ ਬੇਦਖ਼ਲ ਕਰਦੀ ਹਾਂ। ਮੈਂ ਸੁਰਿੰਦਰ ਸਿੰਘ ਪੁੱਤਰ ਪਿਆਰਾ ਸਿੰਘ ਵਾਸੀ ਮਕਾਨ ਨੰ: 461 ਪਿੰਡ ਤੇ ਡਾਕ: ਭੱਟੀਆਂ ਆਪਣੇ ਪੁੱਤਰ ਨੂੰ ਬੇਦਖ਼ਲ ਕਰਦਾ ਹਾਂ। ਮੈਂ ਜਗਦੀਸ਼ ਸਿੰਘ ਵਾਸੀ ਮਕਾਨ ਨੰ: 2424 ਸੀ ਬਲਾਕ ਲੁਧਿਆਣਾ ਆਪਣੇ ਪੁੱਤਰ ਨੂੰ ਬੇਦਖ਼ਲ ਕਰਦਾ ਹਾਂ। ਮੈਂ ਨਿਰਮਲ ਸਿੰਘ ਪੁੱਤਰ ਕਰਨੈਲ ਸਿੰਘ ਵਾਸੀ ਰਾਏਕੋਟ ਆਪਣੇ ਪੁੱਤਰ ਨੂੰ ਬੇਦਖ਼ਲ ਕਰਦਾ ਹਾਂ। ਇਹਨਾਂ ਨਾਲ ਕੋਈ ਵੀ ਲੈਣ ਦੇਣ ਕਰਨ ਵਾਲਾ ਖੁਦ ਜ਼ਿੰਮੇਵਾਰ ਹੋਵੇਗਾ।

ਮੈਂ ਸੁਰਜੀਤ ਸਿੰਘ ਪੁੱਤਰ ਪਿਆਰਾ ਸਿੰਘ ਵਾਸੀ ਮਕਾਨ ਨੰ: 1/8 ਮੁਹੱਲਾ ਵਾਲਾ ਮੁਹੱਲਾ, ਲੁਧਿਆਣਾ ਆਪਣੇ ਪੁੱਤਰ ਅਤੇ ਨੂੰਹ ਨੂੰ ਉਹਨਾਂ ਦੇ ਮਾੜੇ ਵਿਵਹਾਰ ਕਾਰਨ ਆਪਣੀ ਚੱਲ ਅਤੇ ਅਚੱਲ ਜਾਇਦਾਦ ਤੋਂ ਬੇਦਖ਼ਲ ਕਰਦਾ ਹਾਂ। ਇਹਨਾਂ ਨਾਲ ਲੈਣ ਦੇਣ ਕਰਨ ਵਾਲਾ ਖੁਦ ਜ਼ਿੰਮੇਵਾਰ ਹੋਵੇਗਾ। ਮੈਂ ਬਲਜਿੰਦਰ ਕੌਰ ਪਤਨੀ ਸੁਖਦੇਵ ਸਿੰਘ ਵਾਸੀ ਮਕਾਨ ਨੰ: 6203/2 ਮੁਹੱਲਾ ਮੁਕੰਦਪੁਰੀ ਜਗਰਾਉਂ ਆਪਣੇ ਪੁੱਤਰ ਨੂੰ ਉਸਦੇ ਮਾੜੇ ਚਾਲ ਚਲਣ ਕਾਰਨ ਆਪਣੀ ਜਾਇਦਾਦ ਤੋਂ ਬੇਦਖ਼ਲ ਕਰਦੀ ਹਾਂ। ਮੈਂ ਬਲਵੰਤ ਸਿੰਘ ਪੁੱਤਰ ਗੁਰਦੇਵ ਸਿੰਘ ਵਾਸੀ ਪਿੰਡ ਢੰਡਾ ਜ਼ਿਲ੍ਹਾ ਲੁਧਿਆਣਾ ਆਪਣੇ ਪੁੱਤਰ ਨੂੰ ਬੇਦਖ਼ਲ ਕਰਦਾ ਹਾਂ। ਮੈਂ ਲਾਲ ਸਿੰਘ ਪੁੱਤਰ ਪ੍ਰੀਤਮ ਸਿੰਘ ਵਾਸੀ ਅਮਰਗੜ੍ਹ ਤਹਿਸੀਲ ਮਾਲੇਰਕੋਟਲਾ ਆਪਣੇ ਪੁੱਤਰ ਅਤੇ ਨੂੰਹ ਨੂੰ ਬੇਦਖ਼ਲ ਕਰਦਾ ਹਾਂ। ਮੈਂ ਪਰਮਜੀਤ ਕੌਰ ਪਤਨੀ ਜਗਤਾਰ ਸਿੰਘ ਵਾਸੀ ਮਕਾਨ ਨੰ: 147-148 ਮਹਾਂਵੀਰ ਇਨਕਲੇਵ ਲੁਧਿਆਣਾ ਆਪਣੇ ਪੁੱਤਰ ਨੂੰ ਬੇਦਖ਼ਲ ਕਰਦੀ ਹਾਂ। ਮੈਂ ਹਰਦੀਪ ਸਿੰਘ ਵਾਸੀ ਪਿੰਡ ਸਿੱਧਵਾਂ ਬੇਟ ਆਪਣੇ ਪੁੱਤਰ ਨੂੰ ਬੇਦਖ਼ਲ ਕਰਦਾ ਹਾਂ। ਮੈਂ ਕੁਲਵਿੰਦਰ ਕੌਰ ਪਤਨੀ ਸਵਰਨ ਸਿੰਘ ਵਾਸੀ ਜਲੰਧਰ ਆਪਣੇ ਪੁੱਤਰ ਨੂੰ ਬੇਦਖ਼ਲ ਕਰਦੀ ਹਾਂ। ਮੈਂ ਸੁਰਿੰਦਰ ਸਿੰਘ ਪੁੱਤਰ ਪਿਆਰਾ ਸਿੰਘ ਵਾਸੀ ਮਕਾਨ ਨੰ: 461 ਪਿੰਡ ਤੇ ਡਾਕ: ਭੱਟੀਆਂ ਆਪਣੇ ਪੁੱਤਰ ਨੂੰ ਬੇਦਖ਼ਲ ਕਰਦਾ ਹਾਂ। ਮੈਂ ਜਗਦੀਸ਼ ਸਿੰਘ ਵਾਸੀ ਮਕਾਨ ਨੰ: 2424 ਸੀ ਬਲਾਕ ਲੁਧਿਆਣਾ ਆਪਣੇ ਪੁੱਤਰ ਨੂੰ ਬੇਦਖ਼ਲ ਕਰਦਾ ਹਾਂ। ਮੈਂ ਨਿਰਮਲ ਸਿੰਘ ਪੁੱਤਰ ਕਰਨੈਲ ਸਿੰਘ ਵਾਸੀ ਰਾਏਕੋਟ ਆਪਣੇ ਪੁੱਤਰ ਨੂੰ ਬੇਦਖ਼ਲ ਕਰਦਾ ਹਾਂ। ਇਹਨਾਂ ਨਾਲ ਕੋਈ ਵੀ ਲੈਣ ਦੇਣ ਕਰਨ ਵਾਲਾ ਖੁਦ ਜ਼ਿੰਮੇਵਾਰ ਹੋਵੇਗਾ।

ਮੈਂ ਸੁਰਜੀਤ ਸਿੰਘ ਪੁੱਤਰ ਪਿਆਰਾ ਸਿੰਘ ਵਾਸੀ ਮਕਾਨ ਨੰ: 1/8 ਮੁਹੱਲਾ ਵਾਲਾ ਮੁਹੱਲਾ, ਲੁਧਿਆਣਾ ਆਪਣੇ ਪੁੱਤਰ ਅਤੇ ਨੂੰਹ ਨੂੰ ਉਹਨਾਂ ਦੇ ਮਾੜੇ ਵਿਵਹਾਰ ਕਾਰਨ ਆਪਣੀ ਚੱਲ ਅਤੇ ਅਚੱਲ ਜਾਇਦਾਦ ਤੋਂ ਬੇਦਖ਼ਲ ਕਰਦਾ ਹਾਂ। ਇਹਨਾਂ ਨਾਲ ਲੈਣ ਦੇਣ ਕਰਨ ਵਾਲਾ ਖੁਦ ਜ਼ਿੰਮੇਵਾਰ ਹੋਵੇਗਾ। ਮੈਂ ਬਲਜਿੰਦਰ ਕੌਰ ਪਤਨੀ ਸੁਖਦੇਵ ਸਿੰਘ ਵਾਸੀ ਮਕਾਨ ਨੰ: 6203/2 ਮੁਹੱਲਾ ਮੁਕੰਦਪੁਰੀ ਜਗਰਾਉਂ ਆਪਣੇ ਪੁੱਤਰ ਨੂੰ ਉਸਦੇ ਮਾੜੇ ਚਾਲ ਚਲਣ ਕਾਰਨ ਆਪਣੀ ਜਾਇਦਾਦ ਤੋਂ ਬੇਦਖ਼ਲ ਕਰਦੀ ਹਾਂ। ਮੈਂ ਬਲਵੰਤ ਸਿੰਘ ਪੁੱਤਰ ਗੁਰਦੇਵ ਸਿੰਘ ਵਾਸੀ ਪਿੰਡ ਢੰਡਾ ਜ਼ਿਲ੍ਹਾ ਲੁਧਿਆਣਾ ਆਪਣੇ ਪੁੱਤਰ ਨੂੰ ਬੇਦਖ਼ਲ ਕਰਦਾ ਹਾਂ। ਮੈਂ ਲਾਲ ਸਿੰਘ ਪੁੱਤਰ ਪ੍ਰੀਤਮ ਸਿੰਘ ਵਾਸੀ ਅਮਰਗੜ੍ਹ ਤਹਿਸੀਲ ਮਾਲੇਰਕੋਟਲਾ ਆਪਣੇ ਪੁੱਤਰ ਅਤੇ ਨੂੰਹ ਨੂੰ ਬੇਦਖ਼ਲ ਕਰਦਾ ਹਾਂ। ਮੈਂ ਪਰਮਜੀਤ ਕੌਰ ਪਤਨੀ ਜਗਤਾਰ ਸਿੰਘ ਵਾਸੀ ਮਕਾਨ ਨੰ: 147-148 ਮਹਾਂਵੀਰ ਇਨਕਲੇਵ ਲੁਧਿਆਣਾ ਆਪਣੇ ਪੁੱਤਰ ਨੂੰ ਬੇਦਖ਼ਲ ਕਰਦੀ ਹਾਂ। ਮੈਂ ਹਰਦੀਪ ਸਿੰਘ ਵਾਸੀ ਪਿੰਡ ਸਿੱਧਵਾਂ ਬੇਟ ਆਪਣੇ ਪੁੱਤਰ ਨੂੰ ਬੇਦਖ਼ਲ ਕਰਦਾ ਹਾਂ। ਮੈਂ ਕੁਲਵਿੰਦਰ ਕੌਰ ਪਤਨੀ ਸਵਰਨ ਸਿੰਘ ਵਾਸੀ ਜਲੰਧਰ ਆਪਣੇ ਪੁੱਤਰ ਨੂੰ ਬੇਦਖ਼ਲ ਕਰਦੀ ਹਾਂ। ਮੈਂ ਸੁਰਿੰਦਰ ਸਿੰਘ ਪੁੱਤਰ ਪਿਆਰਾ ਸਿੰਘ ਵਾਸੀ ਮਕਾਨ ਨੰ: 461 ਪਿੰਡ ਤੇ ਡਾਕ: ਭੱਟੀਆਂ ਆਪਣੇ ਪੁੱਤਰ ਨੂੰ ਬੇਦਖ਼ਲ ਕਰਦਾ ਹਾਂ। ਮੈਂ ਜਗਦੀਸ਼ ਸਿੰਘ ਵਾਸੀ ਮਕਾਨ ਨੰ: 2424 ਸੀ ਬਲਾਕ ਲੁਧਿਆਣਾ ਆਪਣੇ ਪੁੱਤਰ ਨੂੰ ਬੇਦਖ਼ਲ ਕਰਦਾ ਹਾਂ। ਮੈਂ ਨਿਰਮਲ ਸਿੰਘ ਪੁੱਤਰ ਕਰਨੈਲ ਸਿੰਘ ਵਾਸੀ ਰਾਏਕੋਟ ਆਪਣੇ ਪੁੱਤਰ ਨੂੰ ਬੇਦਖ਼ਲ ਕਰਦਾ ਹਾਂ। ਇਹਨਾਂ ਨਾਲ ਕੋਈ ਵੀ ਲੈਣ ਦੇਣ ਕਰਨ ਵਾਲਾ ਖੁਦ ਜ਼ਿੰਮੇਵਾਰ ਹੋਵੇਗਾ।

ਮੈਂ ਸੁਰਜੀਤ ਸਿੰਘ ਪੁੱਤਰ ਪਿਆਰਾ ਸਿੰਘ ਵਾਸੀ ਮਕਾਨ ਨੰ: 1/8 ਮੁਹੱਲਾ ਵਾਲਾ ਮੁਹੱਲਾ, ਲੁਧਿਆਣਾ ਆਪਣੇ ਪੁੱਤਰ ਅਤੇ ਨੂੰਹ ਨੂੰ ਉਹਨਾਂ ਦੇ ਮਾੜੇ ਵਿਵਹਾਰ ਕਾਰਨ ਆਪਣੀ ਚੱਲ ਅਤੇ ਅਚੱਲ ਜਾਇਦਾਦ ਤੋਂ ਬੇਦਖ਼ਲ ਕਰਦਾ ਹਾਂ। ਇਹਨਾਂ ਨਾਲ ਲੈਣ ਦੇਣ ਕਰਨ ਵਾਲਾ ਖੁਦ ਜ਼ਿੰਮੇਵਾਰ ਹੋਵੇਗਾ। ਮੈਂ ਬਲਜਿੰਦਰ ਕੌਰ ਪਤਨੀ ਸੁਖਦੇਵ ਸਿੰਘ ਵਾਸੀ ਮਕਾਨ ਨੰ: 6203/2 ਮੁਹੱਲਾ ਮੁਕੰਦਪੁਰੀ ਜਗਰਾਉਂ ਆਪਣੇ ਪੁੱਤਰ ਨੂੰ ਉਸਦੇ ਮਾੜੇ ਚਾਲ ਚਲਣ ਕਾਰਨ ਆਪਣੀ ਜਾਇਦਾਦ ਤੋਂ ਬੇਦਖ਼ਲ ਕਰਦੀ ਹਾਂ। ਮੈਂ ਬਲਵੰਤ ਸਿੰਘ ਪੁੱਤਰ ਗੁਰਦੇਵ ਸਿੰਘ ਵਾਸੀ ਪਿੰਡ ਢੰਡਾ ਜ਼ਿਲ੍ਹਾ ਲੁਧਿਆਣਾ ਆਪਣੇ ਪੁੱਤਰ ਨੂੰ ਬੇਦਖ਼ਲ ਕਰਦਾ ਹਾਂ। ਮੈਂ ਲਾਲ ਸਿੰਘ ਪੁੱਤਰ ਪ੍ਰੀਤਮ ਸਿੰਘ ਵਾਸੀ ਅਮਰਗੜ੍ਹ ਤਹਿਸੀਲ ਮਾਲੇਰਕੋਟਲਾ ਆਪਣੇ ਪੁੱਤਰ ਅਤੇ ਨੂੰਹ ਨੂੰ ਬੇਦਖ਼ਲ ਕਰਦਾ ਹਾਂ। ਮੈਂ ਪਰਮਜੀਤ ਕੌਰ ਪਤਨੀ ਜਗਤਾਰ ਸਿੰਘ ਵਾਸੀ ਮਕਾਨ ਨੰ: 147-148 ਮਹਾਂਵੀਰ ਇਨਕਲੇਵ ਲੁਧਿਆਣਾ ਆਪਣੇ ਪੁੱਤਰ ਨੂੰ ਬੇਦਖ਼ਲ ਕਰਦੀ ਹਾਂ। ਮੈਂ ਹਰਦੀਪ ਸਿੰਘ ਵਾਸੀ ਪਿੰਡ ਸਿੱਧਵਾਂ ਬੇਟ ਆਪਣੇ ਪੁੱਤਰ ਨੂੰ ਬੇਦਖ਼ਲ ਕਰਦਾ ਹਾਂ। ਮੈਂ ਕੁਲਵਿੰਦਰ ਕੌਰ ਪਤਨੀ ਸਵਰਨ ਸਿੰਘ ਵਾਸੀ ਜਲੰਧਰ ਆਪਣੇ ਪੁੱਤਰ ਨੂੰ ਬੇਦਖ਼ਲ ਕਰਦੀ ਹਾਂ। ਮੈਂ ਸੁਰਿੰਦਰ ਸਿੰਘ ਪੁੱਤਰ ਪਿਆਰਾ ਸਿੰਘ ਵਾਸੀ ਮਕਾਨ ਨੰ: 461 ਪਿੰਡ ਤੇ ਡਾਕ: ਭੱਟੀਆਂ ਆਪਣੇ ਪੁੱਤਰ ਨੂੰ ਬੇਦਖ਼ਲ ਕਰਦਾ ਹਾਂ। ਮੈਂ ਜਗਦੀਸ਼ ਸਿੰਘ ਵਾਸੀ ਮਕਾਨ ਨੰ: 2424 ਸੀ ਬਲਾਕ ਲੁਧਿਆਣਾ ਆਪਣੇ ਪੁੱਤਰ ਨੂੰ ਬੇਦਖ਼ਲ ਕਰਦਾ ਹਾਂ। ਮੈਂ ਨਿਰਮਲ ਸਿੰਘ ਪੁੱਤਰ ਕਰਨੈਲ ਸਿੰਘ ਵਾਸੀ ਰਾਏਕੋਟ ਆਪਣੇ ਪੁੱਤਰ ਨੂੰ ਬੇਦਖ਼ਲ ਕਰਦਾ ਹਾਂ। ਇਹਨਾਂ ਨਾਲ ਕੋਈ ਵੀ ਲੈਣ ਦੇਣ ਕਰਨ ਵਾਲਾ ਖੁਦ ਜ਼ਿੰਮੇਵਾਰ ਹੋਵੇਗਾ।

ਮੈਂ ਸੁਰਜੀਤ ਸਿੰਘ ਪੁੱਤਰ ਪਿਆਰਾ ਸਿੰਘ ਵਾਸੀ ਮਕਾਨ ਨੰ: 1/8 ਮੁਹੱਲਾ ਵਾਲਾ ਮੁਹੱਲਾ, ਲੁਧਿਆਣਾ ਆਪਣੇ ਪੁੱਤਰ ਅਤੇ ਨੂੰਹ ਨੂੰ ਉਹਨਾਂ ਦੇ ਮਾੜੇ ਵਿਵਹਾਰ ਕਾਰਨ ਆਪਣੀ ਚੱਲ ਅਤੇ ਅਚੱਲ ਜਾਇਦਾਦ ਤੋਂ ਬੇਦਖ਼ਲ ਕਰਦਾ ਹਾਂ। ਇਹਨਾਂ ਨਾਲ ਲੈਣ ਦੇਣ ਕਰਨ ਵਾਲਾ ਖੁਦ ਜ਼ਿੰਮੇਵਾਰ ਹੋਵੇਗਾ। ਮੈਂ ਬਲਜਿੰਦਰ ਕੌਰ ਪਤਨੀ ਸੁਖਦੇਵ ਸਿੰਘ ਵਾਸੀ ਮਕਾਨ ਨੰ: 6203/2 ਮੁਹੱਲਾ ਮੁਕੰਦਪੁਰੀ ਜਗਰਾਉਂ ਆਪਣੇ ਪੁੱਤਰ ਨੂੰ ਉਸਦੇ ਮਾੜੇ ਚਾਲ ਚਲਣ ਕਾਰਨ ਆਪਣੀ ਜਾਇਦਾਦ ਤੋਂ ਬੇਦਖ਼ਲ ਕਰਦੀ ਹਾਂ। ਮੈਂ ਬਲਵੰਤ ਸਿੰਘ ਪੁੱਤਰ ਗੁਰਦੇਵ ਸਿੰਘ ਵਾਸੀ ਪਿੰਡ ਢੰਡਾ ਜ਼ਿਲ੍ਹਾ ਲੁਧਿਆਣਾ ਆਪਣੇ ਪੁੱਤਰ ਨੂੰ ਬੇਦਖ਼ਲ ਕਰਦਾ ਹਾਂ। ਮੈਂ ਲਾਲ ਸਿੰਘ ਪੁੱਤਰ ਪ੍ਰੀਤਮ ਸਿੰਘ ਵਾਸੀ ਅਮਰਗੜ੍ਹ ਤਹਿਸੀਲ ਮਾਲੇਰਕੋਟਲਾ ਆਪਣੇ ਪੁੱਤਰ ਅਤੇ ਨੂੰਹ ਨੂੰ ਬੇਦਖ਼ਲ ਕਰਦਾ ਹਾਂ। ਮੈਂ ਪਰਮਜੀਤ ਕੌਰ ਪਤਨੀ ਜਗਤਾਰ ਸਿੰਘ ਵਾਸੀ ਮਕਾਨ ਨੰ: 147-148 ਮਹਾਂਵੀਰ ਇਨਕਲੇਵ ਲੁਧਿਆਣਾ ਆਪਣੇ ਪੁੱਤਰ ਨੂੰ ਬੇਦਖ਼ਲ ਕਰਦੀ ਹਾਂ। ਮੈਂ ਹਰਦੀਪ ਸਿੰਘ ਵਾਸੀ ਪਿੰਡ ਸਿੱਧਵਾਂ ਬੇਟ ਆਪਣੇ ਪੁੱਤਰ ਨੂੰ ਬੇਦਖ਼ਲ ਕਰਦਾ ਹਾਂ। ਮੈਂ ਕੁਲਵਿੰਦਰ ਕੌਰ ਪਤਨੀ ਸਵਰਨ ਸਿੰਘ ਵਾਸੀ ਜਲੰਧਰ ਆਪਣੇ ਪੁੱਤਰ ਨੂੰ ਬੇਦਖ਼ਲ ਕਰਦੀ ਹਾਂ। ਮੈਂ ਸੁਰਿੰਦਰ ਸਿੰਘ ਪੁੱਤਰ ਪਿਆਰਾ ਸਿੰਘ ਵਾਸੀ ਮਕਾਨ ਨੰ: 461 ਪਿੰਡ ਤੇ ਡਾਕ: ਭੱਟੀਆਂ ਆਪਣੇ ਪੁੱਤਰ ਨੂੰ ਬੇਦਖ਼ਲ ਕਰਦਾ ਹਾਂ। ਮੈਂ ਜਗਦੀਸ਼ ਸਿੰਘ ਵਾਸੀ ਮਕਾਨ ਨੰ: 2424 ਸੀ ਬਲਾਕ ਲੁਧਿਆਣਾ ਆਪਣੇ ਪੁੱਤਰ ਨੂੰ ਬੇਦਖ਼ਲ ਕਰਦਾ ਹਾਂ। ਮੈਂ ਨਿਰਮਲ ਸਿੰਘ ਪੁੱਤਰ ਕਰਨੈਲ ਸਿੰਘ ਵਾਸੀ ਰਾਏਕੋਟ ਆਪਣੇ ਪੁੱਤਰ ਨੂੰ ਬੇਦਖ਼ਲ ਕਰਦਾ ਹਾਂ। ਇਹਨਾਂ ਨਾਲ ਕੋਈ ਵੀ ਲੈਣ ਦੇਣ ਕਰਨ ਵਾਲਾ ਖੁਦ ਜ਼ਿੰਮੇਵਾਰ ਹੋਵੇਗਾ।

ਮੈਂ ਸੁਰਜੀਤ ਸਿੰਘ ਪੁੱਤਰ ਪਿਆਰਾ ਸਿੰਘ ਵਾਸੀ ਮਕਾਨ ਨੰ: 1/8 ਮੁਹੱਲਾ ਵਾਲਾ ਮੁਹੱਲਾ, ਲੁਧਿਆਣਾ ਆਪਣੇ ਪੁੱਤਰ ਅਤੇ ਨੂੰਹ ਨੂੰ ਉਹਨਾਂ ਦੇ ਮਾੜੇ ਵਿਵਹਾਰ ਕਾਰਨ ਆਪਣੀ ਚੱਲ ਅਤੇ ਅਚੱਲ ਜਾਇਦਾਦ ਤੋਂ ਬੇਦਖ਼ਲ ਕਰਦਾ ਹਾਂ। ਇਹਨਾਂ ਨਾਲ ਲੈਣ ਦੇਣ ਕਰਨ ਵਾਲਾ ਖੁਦ ਜ਼ਿੰਮੇਵਾਰ ਹੋਵੇਗਾ। ਮੈਂ ਬਲਜਿੰਦਰ ਕੌਰ ਪਤਨੀ ਸੁਖਦੇਵ ਸਿੰਘ ਵਾਸੀ ਮਕਾਨ ਨੰ: 6203/2 ਮੁਹੱਲਾ ਮੁਕੰਦਪੁਰੀ ਜਗਰਾਉਂ ਆਪਣੇ ਪੁੱਤਰ ਨੂੰ ਉਸਦੇ ਮਾੜੇ ਚਾਲ ਚਲਣ ਕਾਰਨ ਆਪਣੀ ਜਾਇਦਾਦ ਤੋਂ ਬੇਦਖ਼ਲ ਕਰਦੀ ਹਾਂ। ਮੈਂ ਬਲਵੰਤ ਸਿੰਘ ਪੁੱਤਰ ਗੁਰਦੇਵ ਸਿੰਘ ਵਾਸੀ ਪਿੰਡ ਢੰਡਾ ਜ਼ਿਲ੍ਹਾ ਲੁਧਿਆਣਾ ਆਪਣੇ ਪੁੱਤਰ ਨੂੰ ਬੇਦਖ਼ਲ ਕਰਦਾ ਹਾਂ। ਮੈਂ ਲਾਲ ਸਿੰਘ ਪੁੱਤਰ ਪ੍ਰੀਤਮ ਸਿੰਘ ਵਾਸੀ ਅਮਰਗੜ੍ਹ ਤਹਿਸੀਲ ਮਾਲੇਰਕੋਟਲਾ ਆਪਣੇ ਪੁੱਤਰ ਅਤੇ ਨੂੰਹ ਨੂੰ ਬੇਦਖ਼ਲ ਕਰਦਾ ਹਾਂ। ਮੈਂ ਪਰਮਜੀਤ ਕੌਰ ਪਤਨੀ ਜਗਤਾਰ ਸਿੰਘ ਵਾਸੀ ਮਕਾਨ ਨੰ: 147-148 ਮਹਾਂਵੀਰ ਇਨਕਲੇਵ ਲੁਧਿਆਣਾ ਆਪਣੇ ਪੁੱਤਰ ਨੂੰ ਬੇਦਖ਼ਲ ਕਰਦੀ ਹਾਂ। ਮੈਂ ਹਰਦੀਪ ਸਿੰਘ ਵਾਸੀ ਪਿੰਡ ਸਿੱਧਵਾਂ ਬੇਟ ਆਪਣੇ ਪੁੱਤਰ ਨੂੰ ਬੇਦਖ਼ਲ ਕਰਦਾ ਹਾਂ। ਮੈਂ ਕੁਲਵਿੰਦਰ ਕੌਰ ਪਤਨੀ ਸਵਰਨ ਸਿੰਘ ਵਾਸੀ ਜਲੰਧਰ ਆਪਣੇ ਪੁੱਤਰ ਨੂੰ ਬੇਦਖ਼ਲ ਕਰਦੀ ਹਾਂ। ਮੈਂ ਸੁਰਿੰਦਰ ਸਿੰਘ ਪੁੱਤਰ ਪਿਆਰਾ ਸਿੰਘ ਵਾਸੀ ਮਕਾਨ ਨੰ: 461 ਪਿੰਡ ਤੇ ਡਾਕ: ਭੱਟੀਆਂ ਆਪਣੇ ਪੁੱਤਰ ਨੂੰ ਬੇਦਖ਼ਲ ਕਰਦਾ ਹਾਂ। ਮੈਂ ਜਗਦੀਸ਼ ਸਿੰਘ ਵਾਸੀ ਮਕਾਨ ਨੰ: 2424 ਸੀ ਬਲਾਕ ਲੁਧਿਆਣਾ ਆਪਣੇ ਪੁੱਤਰ ਨੂੰ ਬੇਦਖ਼ਲ ਕਰਦਾ ਹਾਂ। ਮੈਂ ਨਿਰਮਲ ਸਿੰਘ ਪੁੱਤਰ ਕਰਨੈਲ ਸਿੰਘ ਵਾਸੀ ਰਾਏਕੋਟ ਆਪਣੇ ਪੁੱਤਰ ਨੂੰ ਬੇਦਖ਼ਲ ਕਰਦਾ ਹਾਂ। ਇਹਨਾਂ ਨਾਲ ਕੋਈ ਵੀ ਲੈਣ ਦੇਣ ਕਰਨ ਵਾਲਾ ਖੁਦ ਜ਼ਿੰਮੇਵਾਰ ਹੋਵੇਗਾ।

ਨਾਮ ਬਦਲੀ...

ਮੈਂ Taranjeet Kour ਪਤਨੀ ਪਰਮਜੀਤ ਸਿੰਘ ਵਾਸੀ ਮਕਾਨ ਨੰ: 979 ਨਿਊ ਰਾਜਿੰਦਰੀ ਨਗਰ ਲੁਧਿਆਣਾ ਨੇ ਆਪਣਾ ਨਾਮ ਬਦਲ ਕੇ Taranjeet Kaur ਰੱਖ ਲਿਆ ਹੈ। ਮੈਂ ਅਮਨਦੀਪ ਕੌਰ ਪਤਨੀ ਰਣਜੀਤ ਸਿੰਘ ਵਾਸੀ ਮਕਾਨ ਨੰ: 30670 ਗਲੀ ਨੰ: 5/2 ਲੁਧਿਆਣਾ ਨੇ ਆਪਣਾ ਨਾਮ ਬਦਲ ਲਿਆ ਹੈ। ਮੈਂ ਜਸਵੀਰ ਸਿੰਘ ਪੁੱਤਰ ਗੁਰਚਰਨ ਸਿੰਘ ਵਾਸੀ ਮਕਾਨ ਨੰ: 20672 ਗਲੀ ਨੰ: 26/3 ਲੁਧਿਆਣਾ ਨੇ ਆਪਣਾ ਨਾਮ ਬਦਲ ਲਿਆ ਹੈ। ਮੈਂ ਤਜਿੰਦਰ ਸਿੰਘ ਪੁੱਤਰ ਅਵਤਾਰ ਸਿੰਘ ਵਾਸੀ ਮਕਾਨ ਨੰ: 3245 ਪਿੰਡ ਨਾਰੰਗਵਾਲ ਨੇ ਆਪਣਾ ਨਾਮ ਬਦਲ ਲਿਆ ਹੈ। ਮੈਂ ਕੁਲਦੀਪ ਕੌਰ ਪਤਨੀ ਹਰਬੰਸ ਸਿੰਘ ਵਾਸੀ ਪਿੰਡ ਕੋਟਲੀ ਨੇ ਆਪਣਾ ਨਾਮ ਬਦਲ ਲਿਆ ਹੈ। ਮੈਂ ਗੁਰਸ਼ਰਨ ਸਿੰਘ ਵਾਸੀ ਜਲੰਧਰ ਨੇ ਆਪਣਾ ਨਾਮ ਬਦਲ ਲਿਆ ਹੈ।

ਮੈਂ Taranjeet Kour ਪਤਨੀ ਪਰਮਜੀਤ ਸਿੰਘ ਵਾਸੀ ਮਕਾਨ ਨੰ: 979 ਨਿਊ ਰਾਜਿੰਦਰੀ ਨਗਰ ਲੁਧਿਆਣਾ ਨੇ ਆਪਣਾ ਨਾਮ ਬਦਲ ਕੇ Taranjeet Kaur ਰੱਖ ਲਿਆ ਹੈ। ਮੈਂ ਅਮਨਦੀਪ ਕੌਰ ਪਤਨੀ ਰਣਜੀਤ ਸਿੰਘ ਵਾਸੀ ਮਕਾਨ ਨੰ: 30670 ਗਲੀ ਨੰ: 5/2 ਲੁਧਿਆਣਾ ਨੇ ਆਪਣਾ ਨਾਮ ਬਦਲ ਲਿਆ ਹੈ। ਮੈਂ ਜਸਵੀਰ ਸਿੰਘ ਪੁੱਤਰ ਗੁਰਚਰਨ ਸਿੰਘ ਵਾਸੀ ਮਕਾਨ ਨੰ: 20672 ਗਲੀ ਨੰ: 26/3 ਲੁਧਿਆਣਾ ਨੇ ਆਪਣਾ ਨਾਮ ਬਦਲ ਲਿਆ ਹੈ। ਮੈਂ ਤਜਿੰਦਰ ਸਿੰਘ ਪੁੱਤਰ ਅਵਤਾਰ ਸਿੰਘ ਵਾਸੀ ਮਕਾਨ ਨੰ: 3245 ਪਿੰਡ ਨਾਰੰਗਵਾਲ ਨੇ ਆਪਣਾ ਨਾਮ ਬਦਲ ਲਿਆ ਹੈ। ਮੈਂ ਕੁਲਦੀਪ ਕੌਰ ਪਤਨੀ ਹਰਬੰਸ ਸਿੰਘ ਵਾਸੀ ਪਿੰਡ ਕੋਟਲੀ ਨੇ ਆਪਣਾ ਨਾਮ ਬਦਲ ਲਿਆ ਹੈ। ਮੈਂ ਗੁਰਸ਼ਰਨ ਸਿੰਘ ਵਾਸੀ ਜਲੰਧਰ ਨੇ ਆਪਣਾ ਨਾਮ ਬਦਲ ਲਿਆ ਹੈ।

ਮੈਂ Taranjeet Kour ਪਤਨੀ ਪਰਮਜੀਤ ਸਿੰਘ ਵਾਸੀ ਮਕਾਨ ਨੰ: 979 ਨਿਊ ਰਾਜਿੰਦਰੀ ਨਗਰ ਲੁਧਿਆਣਾ ਨੇ ਆਪਣਾ ਨਾਮ ਬਦਲ ਕੇ Taranjeet Kaur ਰੱਖ ਲਿਆ ਹੈ। ਮੈਂ ਅਮਨਦੀਪ ਕੌਰ ਪਤਨੀ ਰਣਜੀਤ ਸਿੰਘ ਵਾਸੀ ਮਕਾਨ ਨੰ: 30670 ਗਲੀ ਨੰ: 5/2 ਲੁਧਿਆਣਾ ਨੇ ਆਪਣਾ ਨਾਮ ਬਦਲ ਲਿਆ ਹੈ। ਮੈਂ ਜਸਵੀਰ ਸਿੰਘ ਪੁੱਤਰ ਗੁਰਚਰਨ ਸਿੰਘ ਵਾਸੀ ਮਕਾਨ ਨੰ: 20672 ਗਲੀ ਨੰ: 26/3 ਲੁਧਿਆਣਾ ਨੇ ਆਪਣਾ ਨਾਮ ਬਦਲ ਲਿਆ ਹੈ। ਮੈਂ ਤਜਿੰਦਰ ਸਿੰਘ ਪੁੱਤਰ ਅਵਤਾਰ ਸਿੰਘ ਵਾਸੀ ਮਕਾਨ ਨੰ: 3245 ਪਿੰਡ ਨਾਰੰਗਵਾਲ ਨੇ ਆਪਣਾ ਨਾਮ ਬਦਲ ਲਿਆ ਹੈ। ਮੈਂ ਕੁਲਦੀਪ ਕੌਰ ਪਤਨੀ ਹਰਬੰਸ ਸਿੰਘ ਵਾਸੀ ਪਿੰਡ ਕੋਟਲੀ ਨੇ ਆਪਣਾ ਨਾਮ ਬਦਲ ਲਿਆ ਹੈ। ਮੈਂ ਗੁਰਸ਼ਰਨ ਸਿੰਘ ਵਾਸੀ ਜਲੰਧਰ ਨੇ ਆਪਣਾ ਨਾਮ ਬਦਲ ਲਿਆ ਹੈ।

I, Mann Singh S/O Shingara Singh R/O Vill.Kakra Distt Sangrur Have Changed My Name To Mann Singh. I, Manpreet Kaur W/o Gurpreet Singh R/o Vill. Wahidpur, PO: Moela Wahidpur, Tehsil Garhshankar, Distt. Hoshiarpur, Punjab India, declare that my given name is "Manpreet" and in which "Kaur" is my surname. I Som Nath S/O Devi Dyal R/O H.No.811, St.26, Main Road, Kot Mangal Singh, Millerganj, Ludhiana changed my name Som Nath Gogna. I, Shehnaz Bhatti W/o Amandeep R/o H.No 1332C Street No 4 New Sodhi Nagar Moga have changed my Name Shehnaz Bhatti To Shenaz. I, Inderjeet Kaur W/o Kulvinder Singh R/o village Chakk Kala Tibba Tehsil Abohar District Fazilka Punjab have changed my name from Inderjeet Kaur to Inderjit Kaur. All concerned note it. I SUKHDEEP SINGH SANDHU S/O DARSHAN SINGH R/O BHAGPUR, PO BHAGPURA, DISTT LUDHIANA-141112 PUNJAB have changed my name to SUKHDEEP SINGH. I, RAKHI SHARMA W/O ANOOP RAWAT R/O 70, NEW G.K. ESTATE, MUNDIAN KALAN, LUDHIANA CHANGED my as NAME RAKHI. I, Kashmiro W/O Shingara Ram R/O H. No. 9045 Street No. 10/3, New Subhash Nagar Basti Jodhewal Ludhiana changed my name as Kashmir Kaur. I, Meera Rani W/O Ravinder Sharma R/O H. No. 251 Street No. 8/4 Government High School, Surjal Nagar Shimlapuri Ludhiana changed my name as Sakshi Sharma. I, Kamaljit Kaur D/O Darshan Singh Chana R/O H. No. 100, Street No 7, Bachittar Nagar GNE College Ludhiana changed my daughter's name from Jacey Bahra to Jacey Kaur. I, RAKHI RAWAT W/O ANOOP RAWAT R/O 70, NEW G.K. ESTATE, MUNDIAN KALAN, LUDHIANA CHANGED my NAME as RAKHI. I Rasandeep Kaur W/o Harpinder Singh Jaimal R/o Vpo Janetpura Tehsil Jagraon Distt Ludhiana have changed my name to Rasandeep Kaur Jauhal.

ਮੋਟਰ ਕੁਨੈਕਸ਼ਨ...

ਮੇਰਾ ਬਿਜਲੀ ਦਾ ਮੋਟਰ ਕੁਨੈਕਸ਼ਨ ਖਾਤਾ ਨੰਬਰ LB-577 ਏਪੀ, 15 BHP ਜੋ ਕਿ ਮੇਰੇ ਪਿਤਾ ਦੇ ਨਾਮ ਹੈ, ਉਹਨਾਂ ਦੀ ਮੌਤ ਹੋ ਚੁੱਕੀ ਹੈ। ਇਸ ਕੁਨੈਕਸ਼ਨ ਨੂੰ ਆਪਣੇ ਨਾਮ ਤਬਦੀਲ ਕਰਵਾਉਣਾ ਚਾਹੁੰਦਾ ਹਾਂ। ਜੇਕਰ ਕਿਸੇ ਨੂੰ ਕੋਈ ਇਤਰਾਜ਼ ਹੋਵੇ ਤਾਂ 15 ਦਿਨਾਂ ਦੇ ਅੰਦਰ ਦਫ਼ਤਰ ਵਿਖੇ ਸੰਪਰਕ ਕਰੇ। ਮੇਰਾ ਟਿਊਬਵੈੱਲ ਕੁਨੈਕਸ਼ਨ ਖਾਤਾ ਨੰ: ਏ.ਪੀ. 03/0976 ਜੋ ਮੇਰੇ ਦਾਦਾ ਜੀ ਦੇ ਨਾਮ ਚੱਲ ਰਿਹਾ ਹੈ, ਉਹਨਾਂ ਦੀ ਮੌਤ ਹੋ ਚੁੱਕੀ ਹੈ। ਮੈਂ ਇਹ ਕੁਨੈਕਸ਼ਨ ਆਪਣੇ ਨਾਮ ਕਰਵਾਉਣਾ ਚਾਹੁੰਦਾ ਹਾਂ।

ਮੇਰਾ ਬਿਜਲੀ ਦਾ ਮੋਟਰ ਕੁਨੈਕਸ਼ਨ ਖਾਤਾ ਨੰਬਰ LB-577 ਏਪੀ, 15 BHP ਜੋ ਕਿ ਮੇਰੇ ਪਿਤਾ ਦੇ ਨਾਮ ਹੈ, ਉਹਨਾਂ ਦੀ ਮੌਤ ਹੋ ਚੁੱਕੀ ਹੈ। ਇਸ ਕੁਨੈਕਸ਼ਨ ਨੂੰ ਆਪਣੇ ਨਾਮ ਤਬਦੀਲ ਕਰਵਾਉਣਾ ਚਾਹੁੰਦਾ ਹਾਂ। ਜੇਕਰ ਕਿਸੇ ਨੂੰ ਕੋਈ ਇਤਰਾਜ਼ ਹੋਵੇ ਤਾਂ 15 ਦਿਨਾਂ ਦੇ ਅੰਦਰ ਦਫ਼ਤਰ ਵਿਖੇ ਸੰਪਰਕ ਕਰੇ। ਮੇਰਾ ਟਿਊਬਵੈੱਲ ਕੁਨੈਕਸ਼ਨ ਖਾਤਾ ਨੰ: ਏ.ਪੀ. 03/0976 ਜੋ ਮੇਰੇ ਦਾਦਾ ਜੀ ਦੇ ਨਾਮ ਚੱਲ ਰਿਹਾ ਹੈ, ਉਹਨਾਂ ਦੀ ਮੌਤ ਹੋ ਚੁੱਕੀ ਹੈ। ਮੈਂ ਇਹ ਕੁਨੈਕਸ਼ਨ ਆਪਣੇ ਨਾਮ ਕਰਵਾਉਣਾ ਚਾਹੁੰਦਾ ਹਾਂ।

ਮੇਰਾ ਬਿਜਲੀ ਦਾ ਮੋਟਰ ਕੁਨੈਕਸ਼ਨ ਖਾਤਾ ਨੰਬਰ LB-577 ਏਪੀ, 15 BHP ਜੋ ਕਿ ਮੇਰੇ ਪਿਤਾ ਦੇ ਨਾਮ ਹੈ, ਉਹਨਾਂ ਦੀ ਮੌਤ ਹੋ ਚੁੱਕੀ ਹੈ। ਇਸ ਕੁਨੈਕਸ਼ਨ ਨੂੰ ਆਪਣੇ ਨਾਮ ਤਬਦੀਲ ਕਰਵਾਉਣਾ ਚਾਹੁੰਦਾ ਹਾਂ। ਜੇਕਰ ਕਿਸੇ ਨੂੰ ਕੋਈ ਇਤਰਾਜ਼ ਹੋਵੇ ਤਾਂ 15 ਦਿਨਾਂ ਦੇ ਅੰਦਰ ਦਫ਼ਤਰ ਵਿਖੇ ਸੰਪਰਕ ਕਰੇ। ਮੇਰਾ ਟਿਊਬਵੈੱਲ ਕੁਨੈਕਸ਼ਨ ਖਾਤਾ ਨੰ: ਏ.ਪੀ. 03/0976 ਜੋ ਮੇਰੇ ਦਾਦਾ ਜੀ ਦੇ ਨਾਮ ਚੱਲ ਰਿਹਾ ਹੈ, ਉਹਨਾਂ ਦੀ ਮੌਤ ਹੋ ਚੁੱਕੀ ਹੈ। ਮੈਂ ਇਹ ਕੁਨੈਕਸ਼ਨ ਆਪਣੇ ਨਾਮ ਕਰਵਾਉਣਾ ਚਾਹੁੰਦਾ ਹਾਂ।

ਆਮ ਸੂਚਨਾ

ਮੈਂ ਬਲਵਿੰਦਰ ਕੌਰ ਪਤਨੀ ਜੱਗਾ ਸਿੰਘ ਵਾਸੀ ਬਠਿੰਡਾ ਨੇ ਆਪਣੇ ਪੁੱਤਰ ਦੇ ਜਨਮ ਸਰਟੀਫਿਕੇਟ ਵਿੱਚ ਮੇਰਾ ਨਾਮ ਗਲਤ ਦਰਜ ਹੋ ਗਿਆ ਹੈ। ਮੇਰਾ ਸਹੀ ਨਾਮ ਬਲਵਿੰਦਰ ਕੌਰ ਹੈ। ਮੈਂ ਅਮਨਦੀਪ ਕੌਰ ਵਾਸੀ ਲੁਧਿਆਣਾ ਐਲਾਨ ਕਰਦੀ ਹਾਂ ਕਿ ਮੇਰੀ ਬੇਟੀ ਦੇ ਦਸਤਾਵੇਜ਼ਾਂ ਵਿੱਚ ਮੇਰਾ ਨਾਮ ਗਲਤ ਦਰਜ ਹੈ।

ਮੈਂ ਬਲਵਿੰਦਰ ਕੌਰ ਪਤਨੀ ਜੱਗਾ ਸਿੰਘ ਵਾਸੀ ਬਠਿੰਡਾ ਨੇ ਆਪਣੇ ਪੁੱਤਰ ਦੇ ਜਨਮ ਸਰਟੀਫਿਕੇਟ ਵਿੱਚ ਮੇਰਾ ਨਾਮ ਗਲਤ ਦਰਜ ਹੋ ਗਿਆ ਹੈ। ਮੇਰਾ ਸਹੀ ਨਾਮ ਬਲਵਿੰਦਰ ਕੌਰ ਹੈ। ਮੈਂ ਅਮਨਦੀਪ ਕੌਰ ਵਾਸੀ ਲੁਧਿਆਣਾ ਐਲਾਨ ਕਰਦੀ ਹਾਂ ਕਿ ਮੇਰੀ ਬੇਟੀ ਦੇ ਦਸਤਾਵੇਜ਼ਾਂ ਵਿੱਚ ਮੇਰਾ ਨਾਮ ਗਲਤ ਦਰਜ ਹੈ।

I, Surinder Kaur W/o Santokh Lal R/o H.No. 42 Shiwalik Valley SanteMajra Sector-115 Kharar (SAS Nagar) declare that in my husband Passport No. M4604832 my name wrongly entered Srinder Kour. But my correct name is Surinder Kaur. So amended my name from Srinder Kour to Surinder Kaur in my husband Passport.

ਇਸ਼ਤਿਹਾਰਾਂ ਸਬੰਧੀ ਜ਼ਰੂਰੀ ਬੇਨਤੀ
'ਅਦਾਰਾ ਹੱਕ ਸੱਚ ਦਾ ਪਹਿਰੇਦਾਰ' ਅਖ਼ਬਾਰ ਵਿੱਚ ਛਪੇ ਡਿਸਪਲੇ ਇਸ਼ਤਿਹਾਰਾਂ ਅਤੇ ਕਲਾਸੀਫਾਈਡਾਂ ਬਾਰੇ ਕੰਪਨੀ ਕੋਈ ਜ਼ਿੰਮੇਵਾਰੀ ਨਹੀਂ ਲੈਂਦਾ। ਪਾਠਕਾਂ ਨੂੰ ਸਲਾਹ ਦਿੱਤੀ ਜਾਂਦੀ ਹੈ ਕਿ ਇਸ਼ਤਿਹਾਰਾਂ 'ਤੇ ਕਾਰਵਾਈ ਕਰਨ ਤੋਂ ਪਹਿਲਾਂ ਉਹਨਾਂ ਦੀ ਪੁਸ਼ਟੀ ਕਰ ਲੈਣ। ਮੈਨੇਜਰ
(ਜਨਤਕ ਨੋਟਿਸ)
ਨਗਰ ਨਿਗਮ, ਲੁਧਿਆਣਾ।
ਲੜੀ ਨੰਬਰ	ਨਾਮ	ਰਿਸ਼ਤਾ	ਜਨਮ ਮਿਤੀ	ਮੋਬਾਈਲ
1	ਰਾਜਿੰਦਰ ਕੌਰ	ਪਤਨੀ	07/03/1985	4429-4844-3585
2	ਜਸਵਿੰਦਰ ਸਿੰਘ	ਪੁੱਤਰ	28/11/1998	8505-9117-3344
3	ਹਰਪ੍ਰੀਤ ਕੌਰ	ਪੁੱਤਰੀ	25/11/2004	3911-0987-1729
4	ਗੁਰਪ੍ਰੀਤ ਸਿੰਘ	ਪੁੱਤਰ	20/09/2000	2979-4628-2947
ਇਸ ਲਈ ਮ੍ਰਿਤਕ ਦੇ ਵਾਰਸਾਂ ਦੇ ਨਾਮ ਤੇ ਪਰਿਵਾਰ ਸਰਟੀਫਿਕੇਟ ਜਾਰੀ ਕਰਨ ਸਬੰਧੀ ਜਨਤਕ ਨੋਟਿਸ ਦਿੱਤਾ ਜਾਂਦਾ ਹੈ। ਜੇਕਰ ਕਿਸੇ ਵਿਅਕਤੀ ਨੂੰ ਕੋਈ ਇਤਰਾਜ਼ ਹੋਵੇ ਤਾਂ ਉਹ ਇਸ ਨੋਟਿਸ ਦੇ ਛਪਣ ਦੀ ਮਿਤੀ ਤੋਂ 15 ਦਿਨਾਂ ਦੇ ਅੰਦਰ ਦਫ਼ਤਰ ਵਿਖੇ ਆਪਣਾ ਇਤਰਾਜ਼ ਦਰਜ ਕਰਵਾ ਸਕਦਾ ਹੈ।

ਬਅਦਾਲਤ ਸ਼੍ਰੀ ਹਰਜਿੰਦਰ ਸਿੰਘ (ਪੀ.ਸੀ.ਐਸ.) ਉਪ ਮੰਡਲ ਮੈਜਿਸਟ੍ਰੇਟ ਕਮ ਕੁਲੈਕਟਰ ਜ਼ਿਲ੍ਹਾ ਲੁਧਿਆਣਾ। ਕੇਸ ਨੰਬਰ 34 ਅਗਲੀ ਤਾਰੀਖ਼ 17-03-2025 ਇਸ ਕੇਸ ਵਿੱਚ ਸਬੰਧਤ ਧਿਰਾਂ ਨੂੰ ਸੂਚਿਤ ਕੀਤਾ ਜਾਂਦਾ ਹੈ ਕਿ ਉਹ ਨਿਰਧਾਰਤ ਮਿਤੀ ਨੂੰ ਅਦਾਲਤ ਵਿੱਚ ਹਾਜ਼ਰ ਹੋਣ।

ਬਅਦਾਲਤ ਸ਼੍ਰੀ ਹਰਜਿੰਦਰ ਸਿੰਘ (ਪੀ.ਸੀ.ਐਸ.) ਉਪ ਮੰਡਲ ਮੈਜਿਸਟ੍ਰੇਟ ਕਮ ਕੁਲੈਕਟਰ ਜ਼ਿਲ੍ਹਾ ਲੁਧਿਆਣਾ। ਕੇਸ ਨੰਬਰ 34 ਅਗਲੀ ਤਾਰੀਖ਼ 17-03-2025 ਇਸ ਕੇਸ ਵਿੱਚ ਸਬੰਧਤ ਧਿਰਾਂ ਨੂੰ ਸੂਚਿਤ ਕੀਤਾ ਜਾਂਦਾ ਹੈ ਕਿ ਉਹ ਨਿਰਧਾਰਤ ਮਿਤੀ ਨੂੰ ਅਦਾਲਤ ਵਿੱਚ ਹਾਜ਼ਰ ਹੋਣ।

Public Notice
ਮੈਂ ਜਗਦੇਵ ਸਿੰਘ ਪੁੱਤਰ ਗੁਰਨਾਮ ਸਿੰਘ ਵਾਸੀ ਪਿੰਡ ਤੇ ਡਾਕਖਾਨਾ ਬੱਸੀਆਂ ਤਹਿਸੀਲ ਰਾਏਕੋਟ ਜ਼ਿਲ੍ਹਾ ਲੁਧਿਆਣਾ ਨੇ ਆਪਣਾ ਅਸਲਾ ਲਾਇਸੈਂਸ ਗੁੰਮ ਹੋਣ ਸਬੰਧੀ ਸੂਚਨਾ ਦਿੱਤੀ ਹੈ।
ਦੀ ਲੋਕਤੀ ਕੁਲਵੰਤੀ ਸਾਹਿਬਾਂ ਜਗ ਸਿੰਘ
ਬਅਦਾਲਤ ਸ਼੍ਰੀ ਹਰਜਿੰਦਰ ਸਿੰਘ (ਪੀ.ਸੀ.ਐਸ.) ਉਪ ਮੰਡਲ ਮੈਜਿਸਟ੍ਰੇਟ ਕਮ ਕੁਲੈਕਟਰ ਜ਼ਿਲ੍ਹਾ ਲੁਧਿਆਣਾ। ਕੇਸ ਨੰਬਰ 34 ਅਗਲੀ ਤਾਰੀਖ਼ 17-03-2025 ਇਸ ਕੇਸ ਵਿੱਚ ਸਬੰਧਤ ਧਿਰਾਂ ਨੂੰ ਸੂਚਿਤ ਕੀਤਾ ਜਾਂਦਾ ਹੈ ਕਿ ਉਹ ਨਿਰਧਾਰਤ ਮਿਤੀ ਨੂੰ ਅਦਾਲਤ ਵਿੱਚ ਹਾਜ਼ਰ ਹੋਣ।
ਐਡਵੋਕੇਟ ਬਲਵਿੰਦਰ ਪੂਰੀਆਂ ਬਕਟ ਸੰਬੰਧੀ ਨੋਟਿਸ
ਮੈਂ ਜਗਦੇਵ ਸਿੰਘ ਪੁੱਤਰ ਗੁਰਨਾਮ ਸਿੰਘ ਵਾਸੀ ਪਿੰਡ ਤੇ ਡਾਕਖਾਨਾ ਬੱਸੀਆਂ ਤਹਿਸੀਲ ਰਾਏਕੋਟ ਜ਼ਿਲ੍ਹਾ ਲੁਧਿਆਣਾ ਨੇ ਆਪਣਾ ਅਸਲਾ ਲਾਇਸੈਂਸ ਗੁੰਮ ਹੋਣ ਸਬੰਧੀ ਸੂਚਨਾ ਦਿੱਤੀ ਹੈ।
ਬੇਦਖਲੀ ਰੱਦ

ਮੈਂ ਪੁਸ਼ਪਾ ਰਾਣੀ ਪਤਨੀ ਸਵ: ਸੁਰਜੀਤ ਸਿੰਘ ਵਾਸੀ ਮਕਾਨ ਨੰਬਰ 11157 ਗਲੀ ਨੰ: 1 ਲੁਧਿਆਣਾ ਨੇ ਆਪਣੇ ਪੁੱਤਰ ਨੂੰ ਬੇਦਖ਼ਲ ਕੀਤਾ ਸੀ, ਉਹ ਬੇਦਖ਼ਲੀ ਰੱਦ ਕਰਦੀ ਹਾਂ। ਮੈਂ ਹਰਚੰਦ ਸਿੰਘ ਪੁੱਤਰ ਤਰਸੇਮ ਸਿੰਘ ਵਾਸੀ ਪਿੰਡ ਪੱਖੋਵਾਲ ਜ਼ਿਲ੍ਹਾ ਲੁਧਿਆਣਾ ਆਪਣੀ ਬੇਦਖ਼ਲੀ ਰੱਦ ਕਰਦਾ ਹਾਂ।

ਮੈਂ ਪੁਸ਼ਪਾ ਰਾਣੀ ਪਤਨੀ ਸਵ: ਸੁਰਜੀਤ ਸਿੰਘ ਵਾਸੀ ਮਕਾਨ ਨੰਬਰ 11157 ਗਲੀ ਨੰ: 1 ਲੁਧਿਆਣਾ ਨੇ ਆਪਣੇ ਪੁੱਤਰ ਨੂੰ ਬੇਦਖ਼ਲ ਕੀਤਾ ਸੀ, ਉਹ ਬੇਦਖ਼ਲੀ ਰੱਦ ਕਰਦੀ ਹਾਂ। ਮੈਂ ਹਰਚੰਦ ਸਿੰਘ ਪੁੱਤਰ ਤਰਸੇਮ ਸਿੰਘ ਵਾਸੀ ਪਿੰਡ ਪੱਖੋਵਾਲ ਜ਼ਿਲ੍ਹਾ ਲੁਧਿਆਣਾ ਆਪਣੀ ਬੇਦਖ਼ਲੀ ਰੱਦ ਕਰਦਾ ਹਾਂ।

ਬੇਦਖਲੀ

ਮੈਂ ਤੇਜੂ ਰਾਮ (Tindu Ram) ਪੁੱਤਰ ਲਾਲ ਚੰਦ ਵਾਸੀ ਲੁਧਿਆਣਾ ਆਪਣੇ ਪੁੱਤਰ ਅਤੇ ਨੂੰਹ ਨੂੰ ਉਹਨਾਂ ਦੇ ਮਾੜੇ ਵਿਵਹਾਰ ਕਾਰਨ ਆਪਣੀ ਚੱਲ ਅਤੇ ਅਚੱਲ ਜਾਇਦਾਦ ਤੋਂ ਬੇਦਖ਼ਲ ਕਰਦਾ ਹਾਂ। ਮੈਂ ਸੁਰਿੰਦਰ ਕੌਰ ਪਤਨੀ ਅਜਮੇਰ ਸਿੰਘ ਵਾਸੀ ਲੁਧਿਆਣਾ ਆਪਣੇ ਪੁੱਤਰ ਨੂੰ ਬੇਦਖ਼ਲ ਕਰਦੀ ਹਾਂ। ਮੈਂ ਕੁਲਦੀਪ ਸਿੰਘ ਪੁੱਤਰ ਸੰਤੋਖ ਸਿੰਘ ਵਾਸੀ ਮਕਾਨ ਨੰ: 125 ਲੁਧਿਆਣਾ ਆਪਣੇ ਪੁੱਤਰ ਨੂੰ ਬੇਦਖ਼ਲ ਕਰਦਾ ਹਾਂ। ਮੈਂ ਜਸਵੀਰ ਕੌਰ ਪਤਨੀ ਗੁਰਮੇਲ ਸਿੰਘ ਵਾਸੀ ਮਕਾਨ ਨੰ: 483 ਬਲਾਕ ਬੀ ਲੁਧਿਆਣਾ ਆਪਣੇ ਪੁੱਤਰ ਨੂੰ ਬੇਦਖ਼ਲ ਕਰਦੀ ਹਾਂ। ਇਹਨਾਂ ਨਾਲ ਕੋਈ ਵੀ ਲੈਣ ਦੇਣ ਕਰਨ ਵਾਲਾ ਖੁਦ ਜ਼ਿੰਮੇਵਾਰ ਹੋਵੇਗਾ।

ਮੈਂ ਤੇਜੂ ਰਾਮ (Tindu Ram) ਪੁੱਤਰ ਲਾਲ ਚੰਦ ਵਾਸੀ ਲੁਧਿਆਣਾ ਆਪਣੇ ਪੁੱਤਰ ਅਤੇ ਨੂੰਹ ਨੂੰ ਉਹਨਾਂ ਦੇ ਮਾੜੇ ਵਿਵਹਾਰ ਕਾਰਨ ਆਪਣੀ ਚੱਲ ਅਤੇ ਅਚੱਲ ਜਾਇਦਾਦ ਤੋਂ ਬੇਦਖ਼ਲ ਕਰਦਾ ਹਾਂ। ਮੈਂ ਸੁਰਿੰਦਰ ਕੌਰ ਪਤਨੀ ਅਜਮੇਰ ਸਿੰਘ ਵਾਸੀ ਲੁਧਿਆਣਾ ਆਪਣੇ ਪੁੱਤਰ ਨੂੰ ਬੇਦਖ਼ਲ ਕਰਦੀ ਹਾਂ। ਮੈਂ ਕੁਲਦੀਪ ਸਿੰਘ ਪੁੱਤਰ ਸੰਤੋਖ ਸਿੰਘ ਵਾਸੀ ਮਕਾਨ ਨੰ: 125 ਲੁਧਿਆਣਾ ਆਪਣੇ ਪੁੱਤਰ ਨੂੰ ਬੇਦਖ਼ਲ ਕਰਦਾ ਹਾਂ। ਮੈਂ ਜਸਵੀਰ ਕੌਰ ਪਤਨੀ ਗੁਰਮੇਲ ਸਿੰਘ ਵਾਸੀ ਮਕਾਨ ਨੰ: 483 ਬਲਾਕ ਬੀ ਲੁਧਿਆਣਾ ਆਪਣੇ ਪੁੱਤਰ ਨੂੰ ਬੇਦਖ਼ਲ ਕਰਦੀ ਹਾਂ। ਇਹਨਾਂ ਨਾਲ ਕੋਈ ਵੀ ਲੈਣ ਦੇਣ ਕਰਨ ਵਾਲਾ ਖੁਦ ਜ਼ਿੰਮੇਵਾਰ ਹੋਵੇਗਾ।

ਮੈਂ ਤੇਜੂ ਰਾਮ (Tindu Ram) ਪੁੱਤਰ ਲਾਲ ਚੰਦ ਵਾਸੀ ਲੁਧਿਆਣਾ ਆਪਣੇ ਪੁੱਤਰ ਅਤੇ ਨੂੰਹ ਨੂੰ ਉਹਨਾਂ ਦੇ ਮਾੜੇ ਵਿਵਹਾਰ ਕਾਰਨ ਆਪਣੀ ਚੱਲ ਅਤੇ ਅਚੱਲ ਜਾਇਦਾਦ ਤੋਂ ਬੇਦਖ਼ਲ ਕਰਦਾ ਹਾਂ। ਮੈਂ ਸੁਰਿੰਦਰ ਕੌਰ ਪਤਨੀ ਅਜਮੇਰ ਸਿੰਘ ਵਾਸੀ ਲੁਧਿਆਣਾ ਆਪਣੇ ਪੁੱਤਰ ਨੂੰ ਬੇਦਖ਼ਲ ਕਰਦੀ ਹਾਂ। ਮੈਂ ਕੁਲਦੀਪ ਸਿੰਘ ਪੁੱਤਰ ਸੰਤੋਖ ਸਿੰਘ ਵਾਸੀ ਮਕਾਨ ਨੰ: 125 ਲੁਧਿਆਣਾ ਆਪਣੇ ਪੁੱਤਰ ਨੂੰ ਬੇਦਖ਼ਲ ਕਰਦਾ ਹਾਂ। ਮੈਂ ਜਸਵੀਰ ਕੌਰ ਪਤਨੀ ਗੁਰਮੇਲ ਸਿੰਘ ਵਾਸੀ ਮਕਾਨ ਨੰ: 483 ਬਲਾਕ ਬੀ ਲੁਧਿਆਣਾ ਆਪਣੇ ਪੁੱਤਰ ਨੂੰ ਬੇਦਖ਼ਲ ਕਰਦੀ ਹਾਂ। ਇਹਨਾਂ ਨਾਲ ਕੋਈ ਵੀ ਲੈਣ ਦੇਣ ਕਰਨ ਵਾਲਾ ਖੁਦ ਜ਼ਿੰਮੇਵਾਰ ਹੋਵੇਗਾ।

ਇਸ਼ਤਿਹਾਰ ਅਤੇ ਕਲਾਸੀਫਾਈਡ ਕੇਵਲ ਅਦਾਰਾ 'ਪਹਿਰੇਦਾਰ' ਦੀ ਈ-ਮੇਲ	rozanapehredaradvt@gmail.com	'ਤੇ ਹੀ ਭੇਜੇ ਜਾਣ।
